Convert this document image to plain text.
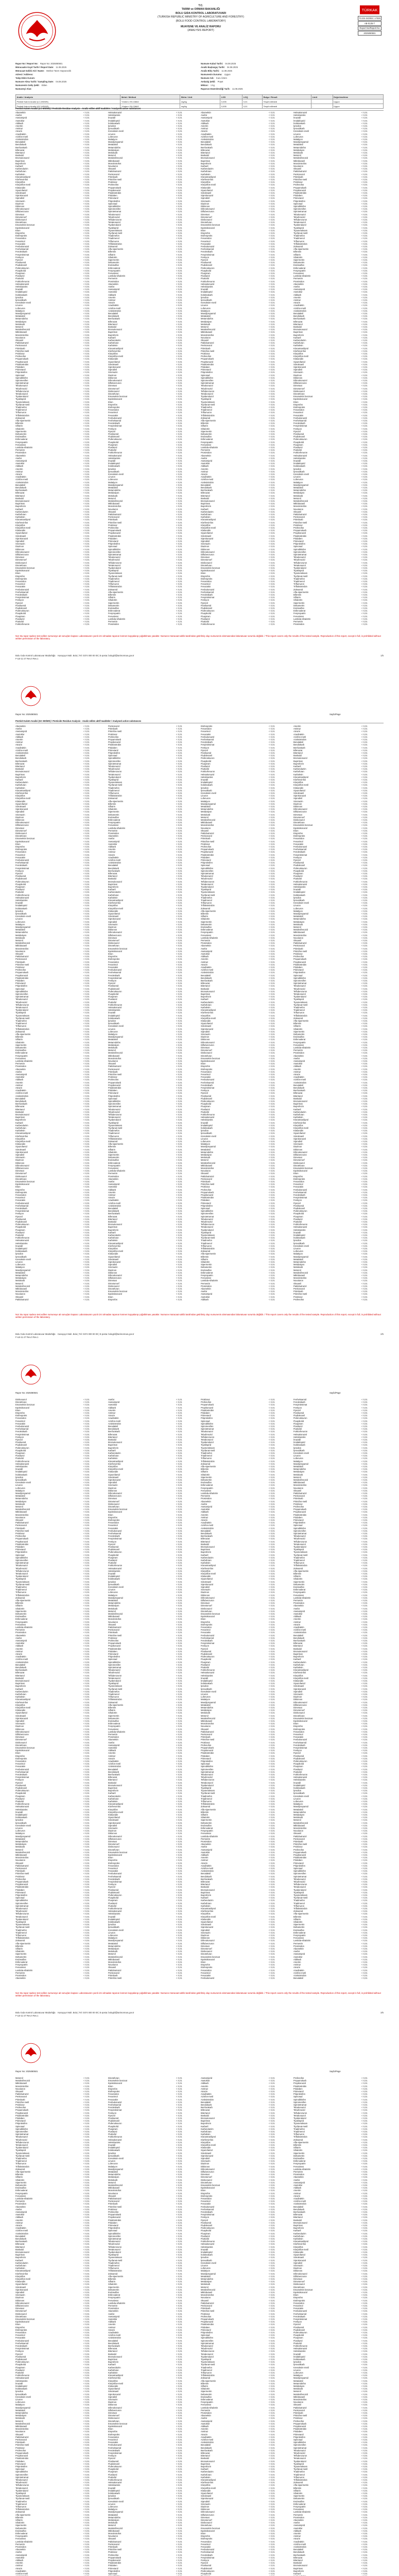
T.C.
TARIM ve ORMAN BAKANLIĞI
BOLU GIDA KONTROL LABORATUVARI
(TURKISH REPUBLIC MINISTRY OF AGRICULTURE AND FORESTRY)
(BOLU FOOD CONTROL LABORATORY)
MUAYENE VE ANALİZ RAPORU
(ANALYSIS REPORT)
TÜRKAK
TS EN ISO/IEC 17025
AB-0135-T
Report No/Report No
2025080501
Rapor No / Report No: Rapor No: 2025080501
Müracaatın Kayıt Tarihi / Report Date: 11.08.2025
Müracaat Sahibi Adı / Name: Merkez Tarım Hayvancılık
Adresi / Address:
Talep Eden Kurum:
Numune Alma Tarihi / Sampling Date: 04.08.2025
Numunenin Geliş Şekli: Elden
Numuneyi Alan:
Numune Kabul Tarihi: 04.08.2025
Analiz Başlangıç Tarihi: 04.08.2025
Analiz Bitiş Tarihi: 11.08.2025
Numunenin Durumu: Uygun
Numune Adı: Kuru Üzüm
Ambalaj Şekli: Poşet
Miktarı: 1 kg
Raporun Düzenlendiği Tarih: 11.08.2025
Analiz / Analysis	Metot / Method	Birim / Unit	LOD	LOQ	Bulgu / Result	Limit	Değerlendirme
Pestisit Kalıntı Analizi (LC-MS/MS)	Yöntem: EN 15662	mg/kg	0,005	0,01	Tespit edilmedi	-	Uygun
Pestisit Kalıntı Analizi (GC-MS/MS)	Yöntem: EN 15662	mg/kg	0,005	0,01	Tespit edilmedi	-	Uygun
Pestisit Kalıntı Analizi (LC-MS/MS) / Pesticide Residue Analysis - Analiz edilen aktif maddeler / Analysed active substances
Abamektin	< 0,01
Asefat	< 0,01
Asetamiprid	< 0,01
Asetoklor	< 0,01
Aldikarb	< 0,01
Ametrin	< 0,01
Amitraz	< 0,01
Atrazin	< 0,01
Azadiraktin	< 0,01
Azinfos-metil	< 0,01
Azoksistrobin	< 0,01
Benalaksil	< 0,01
Bendiokarb	< 0,01
Benfurakarb	< 0,01
Bifenazat	< 0,01
Bitertanol	< 0,01
Boskalid	< 0,01
Bromukonazol	< 0,01
Bupirimat	< 0,01
Buprofezin	< 0,01
Karbaril	< 0,01
Karbendazim	< 0,01
Karbofuran	< 0,01
Karboksin	< 0,01
Klorantraniliprol	< 0,01
Klorfenvinfos	< 0,01
Klorpirifos	< 0,01
Klorpirifos-metil	< 0,01
Klotianidin	< 0,01
Siyazofamid	< 0,01
Simoksanil	< 0,01
Siprokonazol	< 0,01
Siprodinil	< 0,01
Siromazin	< 0,01
Diazinon	< 0,01
Diklorvos	< 0,01
Difenokonazol	< 0,01
Diflubenzuron	< 0,01
Dimetoat	< 0,01
Dimetomorf	< 0,01
Dinikonazol	< 0,01
Dinotefuran	< 0,01
Emamektin benzoat	< 0,01
Epoksikonazol	< 0,01
Etion	< 0,01
Etoprofos	< 0,01
Etofenproks	< 0,01
Fenamidon	< 0,01
Fenarimol	< 0,01
Fenazakin	< 0,01
Fenbukonazol	< 0,01
Fenheksamid	< 0,01
Fenoksikarb	< 0,01
Fenpiroksimat	< 0,01
Fentiyon	< 0,01
Fipronil	< 0,01
Flonikamid	< 0,01
Fludioksonil	< 0,01
Flufenoksuron	< 0,01
Fluopikolid	< 0,01
Fluopiram	< 0,01
Flusilazol	< 0,01
Flutriafol	< 0,01
Forklorfenuron	< 0,01
Heksakonazol	< 0,01
Heksitiazoks	< 0,01
İmazalil	< 0,01
İmidakloprid	< 0,01
İndoksakarb	< 0,01
İprodion	< 0,01
İprovalikarb	< 0,01
Kresoksim-metil	< 0,01
Linuron	< 0,01
Lufenuron	< 0,01
Malatiyon	< 0,01
Mandipropamid	< 0,01
Metalaksil	< 0,01
Metamidofos	< 0,01
Metidatiyon	< 0,01
Metiokarb	< 0,01
Metomil	< 0,01
Metoksifenozid	< 0,01
Miklobutanil	< 0,01
Monokrotofos	< 0,01
Novaluron	< 0,01
Oksamil	< 0,01
Paklobutrazol	< 0,01
Penkonazol	< 0,01
Pirimikarb	< 0,01
Pirimifos-metil	< 0,01
Prokloraz	< 0,01
Profenofos	< 0,01
Propamokarb	< 0,01
Propikonazol	< 0,01
Piraklostrobin	< 0,01
Piridaben	< 0,01
Pirimetanil	< 0,01
Piriproksifen	< 0,01
Spinosad	< 0,01
Spirodiklofen	< 0,01
Spiromesifen	< 0,01
Spirotetramat	< 0,01
Tebukonazol	< 0,01
Tebufenozid	< 0,01
Teflubenzuron	< 0,01
Tetrakonazol	< 0,01
Tiyabendazol	< 0,01
Tiyakloprid	< 0,01
Tiyametoksam	< 0,01
Tiyofanat-metil	< 0,01
Triadimefon	< 0,01
Triadimenol	< 0,01
Triflumuron	< 0,01
Trifloksistrobin	< 0,01
Zoksamid	< 0,01
Alfa-sipermetrin	< 0,01
Bifentrin	< 0,01
Siflutrin	< 0,01
Sihalotrin	< 0,01
Sipermetrin	< 0,01
Deltametrin	< 0,01
Endosulfan	< 0,01
Esfenvalerat	< 0,01
Fenpropatrin	< 0,01
Fenvalerat	< 0,01
Lambda-sihalotrin	< 0,01
Permetrin	< 0,01
Prosimidon	< 0,01
Abamektin	< 0,01
Asefat	< 0,01
Asetamiprid	< 0,01
Asetoklor	< 0,01
Aldikarb	< 0,01
Ametrin	< 0,01
Amitraz	< 0,01
Atrazin	< 0,01
Azadiraktin	< 0,01
Azinfos-metil	< 0,01
Azoksistrobin	< 0,01
Benalaksil	< 0,01
Bendiokarb	< 0,01
Benfurakarb	< 0,01
Bifenazat	< 0,01
Bitertanol	< 0,01
Boskalid	< 0,01
Bromukonazol	< 0,01
Bupirimat	< 0,01
Buprofezin	< 0,01
Karbaril	< 0,01
Karbendazim	< 0,01
Karbofuran	< 0,01
Karboksin	< 0,01
Klorantraniliprol	< 0,01
Klorfenvinfos	< 0,01
Klorpirifos	< 0,01
Klorpirifos-metil	< 0,01
Klotianidin	< 0,01
Siyazofamid	< 0,01
Simoksanil	< 0,01
Siprokonazol	< 0,01
Siprodinil	< 0,01
Siromazin	< 0,01
Diazinon	< 0,01
Diklorvos	< 0,01
Difenokonazol	< 0,01
Diflubenzuron	< 0,01
Dimetoat	< 0,01
Dimetomorf	< 0,01
Dinikonazol	< 0,01
Dinotefuran	< 0,01
Emamektin benzoat	< 0,01
Epoksikonazol	< 0,01
Etion	< 0,01
Etoprofos	< 0,01
Etofenproks	< 0,01
Fenamidon	< 0,01
Fenarimol	< 0,01
Fenazakin	< 0,01
Fenbukonazol	< 0,01
Fenheksamid	< 0,01
Fenoksikarb	< 0,01
Fenpiroksimat	< 0,01
Fentiyon	< 0,01
Fipronil	< 0,01
Flonikamid	< 0,01
Fludioksonil	< 0,01
Flufenoksuron	< 0,01
Fluopikolid	< 0,01
Fluopiram	< 0,01
Flusilazol	< 0,01
Flutriafol	< 0,01
Forklorfenuron	< 0,01
Heksakonazol	< 0,01
Heksitiazoks	< 0,01
İmazalil	< 0,01
İmidakloprid	< 0,01
İndoksakarb	< 0,01
İprodion	< 0,01
İprovalikarb	< 0,01
Kresoksim-metil	< 0,01
Linuron	< 0,01
Lufenuron	< 0,01
Malatiyon	< 0,01
Mandipropamid	< 0,01
Metalaksil	< 0,01
Metamidofos	< 0,01
Metidatiyon	< 0,01
Metiokarb	< 0,01
Metomil	< 0,01
Metoksifenozid	< 0,01
Miklobutanil	< 0,01
Monokrotofos	< 0,01
Novaluron	< 0,01
Oksamil	< 0,01
Paklobutrazol	< 0,01
Penkonazol	< 0,01
Pirimikarb	< 0,01
Pirimifos-metil	< 0,01
Prokloraz	< 0,01
Profenofos	< 0,01
Propamokarb	< 0,01
Propikonazol	< 0,01
Piraklostrobin	< 0,01
Piridaben	< 0,01
Pirimetanil	< 0,01
Piriproksifen	< 0,01
Spinosad	< 0,01
Spirodiklofen	< 0,01
Spiromesifen	< 0,01
Spirotetramat	< 0,01
Tebukonazol	< 0,01
Tebufenozid	< 0,01
Teflubenzuron	< 0,01
Tetrakonazol	< 0,01
Tiyabendazol	< 0,01
Tiyakloprid	< 0,01
Tiyametoksam	< 0,01
Tiyofanat-metil	< 0,01
Triadimefon	< 0,01
Triadimenol	< 0,01
Triflumuron	< 0,01
Trifloksistrobin	< 0,01
Zoksamid	< 0,01
Alfa-sipermetrin	< 0,01
Bifentrin	< 0,01
Siflutrin	< 0,01
Sihalotrin	< 0,01
Sipermetrin	< 0,01
Deltametrin	< 0,01
Endosulfan	< 0,01
Esfenvalerat	< 0,01
Fenpropatrin	< 0,01
Fenvalerat	< 0,01
Lambda-sihalotrin	< 0,01
Permetrin	< 0,01
Prosimidon	< 0,01
Abamektin	< 0,01
Asefat	< 0,01
Asetamiprid	< 0,01
Asetoklor	< 0,01
Aldikarb	< 0,01
Ametrin	< 0,01
Amitraz	< 0,01
Atrazin	< 0,01
Azadiraktin	< 0,01
Azinfos-metil	< 0,01
Azoksistrobin	< 0,01
Benalaksil	< 0,01
Bendiokarb	< 0,01
Benfurakarb	< 0,01
Bifenazat	< 0,01
Bitertanol	< 0,01
Boskalid	< 0,01
Bromukonazol	< 0,01
Bupirimat	< 0,01
Buprofezin	< 0,01
Karbaril	< 0,01
Karbendazim	< 0,01
Karbofuran	< 0,01
Karboksin	< 0,01
Klorantraniliprol	< 0,01
Klorfenvinfos	< 0,01
Klorpirifos	< 0,01
Klorpirifos-metil	< 0,01
Klotianidin	< 0,01
Siyazofamid	< 0,01
Simoksanil	< 0,01
Siprokonazol	< 0,01
Siprodinil	< 0,01
Siromazin	< 0,01
Diazinon	< 0,01
Diklorvos	< 0,01
Difenokonazol	< 0,01
Diflubenzuron	< 0,01
Dimetoat	< 0,01
Dimetomorf	< 0,01
Dinikonazol	< 0,01
Dinotefuran	< 0,01
Emamektin benzoat	< 0,01
Epoksikonazol	< 0,01
Etion	< 0,01
Etoprofos	< 0,01
Etofenproks	< 0,01
Fenamidon	< 0,01
Fenarimol	< 0,01
Fenazakin	< 0,01
Fenbukonazol	< 0,01
Fenheksamid	< 0,01
Fenoksikarb	< 0,01
Fenpiroksimat	< 0,01
Fentiyon	< 0,01
Fipronil	< 0,01
Flonikamid	< 0,01
Fludioksonil	< 0,01
Flufenoksuron	< 0,01
Fluopikolid	< 0,01
Fluopiram	< 0,01
Flusilazol	< 0,01
Flutriafol	< 0,01
Forklorfenuron	< 0,01
Heksakonazol	< 0,01
Heksitiazoks	< 0,01
İmazalil	< 0,01
İmidakloprid	< 0,01
İndoksakarb	< 0,01
İprodion	< 0,01
İprovalikarb	< 0,01
Kresoksim-metil	< 0,01
Linuron	< 0,01
Lufenuron	< 0,01
Malatiyon	< 0,01
Mandipropamid	< 0,01
Metalaksil	< 0,01
Metamidofos	< 0,01
Metidatiyon	< 0,01
Metiokarb	< 0,01
Metomil	< 0,01
Metoksifenozid	< 0,01
Miklobutanil	< 0,01
Monokrotofos	< 0,01
Novaluron	< 0,01
Oksamil	< 0,01
Paklobutrazol	< 0,01
Penkonazol	< 0,01
Pirimikarb	< 0,01
Pirimifos-metil	< 0,01
Prokloraz	< 0,01
Profenofos	< 0,01
Propamokarb	< 0,01
Propikonazol	< 0,01
Piraklostrobin	< 0,01
Piridaben	< 0,01
Pirimetanil	< 0,01
Piriproksifen	< 0,01
Spinosad	< 0,01
Spirodiklofen	< 0,01
Spiromesifen	< 0,01
Spirotetramat	< 0,01
Tebukonazol	< 0,01
Tebufenozid	< 0,01
Teflubenzuron	< 0,01
Tetrakonazol	< 0,01
Tiyabendazol	< 0,01
Tiyakloprid	< 0,01
Tiyametoksam	< 0,01
Tiyofanat-metil	< 0,01
Triadimefon	< 0,01
Triadimenol	< 0,01
Triflumuron	< 0,01
Trifloksistrobin	< 0,01
Zoksamid	< 0,01
Alfa-sipermetrin	< 0,01
Bifentrin	< 0,01
Siflutrin	< 0,01
Sihalotrin	< 0,01
Sipermetrin	< 0,01
Deltametrin	< 0,01
Endosulfan	< 0,01
Esfenvalerat	< 0,01
Fenpropatrin	< 0,01
Fenvalerat	< 0,01
Lambda-sihalotrin	< 0,01
Permetrin	< 0,01
Prosimidon	< 0,01
Abamektin	< 0,01
Asefat	< 0,01
Asetamiprid	< 0,01
Asetoklor	< 0,01
Aldikarb	< 0,01
Ametrin	< 0,01
Amitraz	< 0,01
Atrazin	< 0,01
Azadiraktin	< 0,01
Azinfos-metil	< 0,01
Azoksistrobin	< 0,01
Benalaksil	< 0,01
Bendiokarb	< 0,01
Benfurakarb	< 0,01
Bifenazat	< 0,01
Bitertanol	< 0,01
Boskalid	< 0,01
Bromukonazol	< 0,01
Bupirimat	< 0,01
Buprofezin	< 0,01
Karbaril	< 0,01
Karbendazim	< 0,01
Karbofuran	< 0,01
Karboksin	< 0,01
Klorantraniliprol	< 0,01
Klorfenvinfos	< 0,01
Klorpirifos	< 0,01
Klorpirifos-metil	< 0,01
Klotianidin	< 0,01
Siyazofamid	< 0,01
Simoksanil	< 0,01
Siprokonazol	< 0,01
Siprodinil	< 0,01
Siromazin	< 0,01
Diazinon	< 0,01
Diklorvos	< 0,01
Difenokonazol	< 0,01
Diflubenzuron	< 0,01
Dimetoat	< 0,01
Dimetomorf	< 0,01
Dinikonazol	< 0,01
Dinotefuran	< 0,01
Emamektin benzoat	< 0,01
Epoksikonazol	< 0,01
Etion	< 0,01
Etoprofos	< 0,01
Etofenproks	< 0,01
Fenamidon	< 0,01
Fenarimol	< 0,01
Fenazakin	< 0,01
Fenbukonazol	< 0,01
Fenheksamid	< 0,01
Fenoksikarb	< 0,01
Fenpiroksimat	< 0,01
Fentiyon	< 0,01
Fipronil	< 0,01
Flonikamid	< 0,01
Fludioksonil	< 0,01
Flufenoksuron	< 0,01
Fluopikolid	< 0,01
Fluopiram	< 0,01
Flusilazol	< 0,01
Flutriafol	< 0,01
Forklorfenuron	< 0,01
Heksakonazol	< 0,01
Heksitiazoks	< 0,01
İmazalil	< 0,01
İmidakloprid	< 0,01
İndoksakarb	< 0,01
İprodion	< 0,01
İprovalikarb	< 0,01
Kresoksim-metil	< 0,01
Linuron	< 0,01
Lufenuron	< 0,01
Malatiyon	< 0,01
Mandipropamid	< 0,01
Metalaksil	< 0,01
Metamidofos	< 0,01
Metidatiyon	< 0,01
Metiokarb	< 0,01
Metomil	< 0,01
Metoksifenozid	< 0,01
Miklobutanil	< 0,01
Monokrotofos	< 0,01
Novaluron	< 0,01
Oksamil	< 0,01
Paklobutrazol	< 0,01
Penkonazol	< 0,01
Pirimikarb	< 0,01
Pirimifos-metil	< 0,01
Prokloraz	< 0,01
Profenofos	< 0,01
Propamokarb	< 0,01
Propikonazol	< 0,01
Piraklostrobin	< 0,01
Piridaben	< 0,01
Pirimetanil	< 0,01
Piriproksifen	< 0,01
Spinosad	< 0,01
Spirodiklofen	< 0,01
Spiromesifen	< 0,01
Spirotetramat	< 0,01
Tebukonazol	< 0,01
Tebufenozid	< 0,01
Teflubenzuron	< 0,01
Tetrakonazol	< 0,01
Tiyabendazol	< 0,01
Tiyakloprid	< 0,01
Tiyametoksam	< 0,01
Tiyofanat-metil	< 0,01
Triadimefon	< 0,01
Triadimenol	< 0,01
Triflumuron	< 0,01
Trifloksistrobin	< 0,01
Zoksamid	< 0,01
Alfa-sipermetrin	< 0,01
Bifentrin	< 0,01
Siflutrin	< 0,01
Sihalotrin	< 0,01
Sipermetrin	< 0,01
Deltametrin	< 0,01
Endosulfan	< 0,01
Esfenvalerat	< 0,01
Fenpropatrin	< 0,01
Fenvalerat	< 0,01
Lambda-sihalotrin	< 0,01
Permetrin	< 0,01
Prosimidon	< 0,01
Abamektin	< 0,01
Asefat	< 0,01
Asetamiprid	< 0,01
Asetoklor	< 0,01
Aldikarb	< 0,01
Ametrin	< 0,01
Amitraz	< 0,01
Atrazin	< 0,01
Azadiraktin	< 0,01
Azinfos-metil	< 0,01
Azoksistrobin	< 0,01
Benalaksil	< 0,01
Bendiokarb	< 0,01
Benfurakarb	< 0,01
Bifenazat	< 0,01
Bitertanol	< 0,01
Boskalid	< 0,01
Bromukonazol	< 0,01
Bupirimat	< 0,01
Buprofezin	< 0,01
Karbaril	< 0,01
Karbendazim	< 0,01
Karbofuran	< 0,01
Karboksin	< 0,01
Klorantraniliprol	< 0,01
Klorfenvinfos	< 0,01
Klorpirifos	< 0,01
Klorpirifos-metil	< 0,01
Klotianidin	< 0,01
Siyazofamid	< 0,01
Simoksanil	< 0,01
Siprokonazol	< 0,01
Siprodinil	< 0,01
Siromazin	< 0,01
Diazinon	< 0,01
Diklorvos	< 0,01
Difenokonazol	< 0,01
Diflubenzuron	< 0,01
Dimetoat	< 0,01
Dimetomorf	< 0,01
Dinikonazol	< 0,01
Dinotefuran	< 0,01
Emamektin benzoat	< 0,01
Epoksikonazol	< 0,01
Etion	< 0,01
Etoprofos	< 0,01
Etofenproks	< 0,01
Fenamidon	< 0,01
Fenarimol	< 0,01
Fenazakin	< 0,01
Fenbukonazol	< 0,01
Fenheksamid	< 0,01
Fenoksikarb	< 0,01
Fenpiroksimat	< 0,01
Fentiyon	< 0,01
Fipronil	< 0,01
Flonikamid	< 0,01
Fludioksonil	< 0,01
Flufenoksuron	< 0,01
Fluopikolid	< 0,01
Fluopiram	< 0,01
Flusilazol	< 0,01
Flutriafol	< 0,01
Forklorfenuron	< 0,01
Heksakonazol	< 0,01
Heksitiazoks	< 0,01
İmazalil	< 0,01
İmidakloprid	< 0,01
İndoksakarb	< 0,01
İprodion	< 0,01
İprovalikarb	< 0,01
Kresoksim-metil	< 0,01
Linuron	< 0,01
Lufenuron	< 0,01
Malatiyon	< 0,01
Mandipropamid	< 0,01
Metalaksil	< 0,01
Metamidofos	< 0,01
Metidatiyon	< 0,01
Metiokarb	< 0,01
Metomil	< 0,01
Metoksifenozid	< 0,01
Miklobutanil	< 0,01
Monokrotofos	< 0,01
Novaluron	< 0,01
Oksamil	< 0,01
Paklobutrazol	< 0,01
Penkonazol	< 0,01
Pirimikarb	< 0,01
Pirimifos-metil	< 0,01
Prokloraz	< 0,01
Profenofos	< 0,01
Propamokarb	< 0,01
Propikonazol	< 0,01
Piraklostrobin	< 0,01
Piridaben	< 0,01
Pirimetanil	< 0,01
Piriproksifen	< 0,01
Spinosad	< 0,01
Spirodiklofen	< 0,01
Spiromesifen	< 0,01
Spirotetramat	< 0,01
Tebukonazol	< 0,01
Tebufenozid	< 0,01
Teflubenzuron	< 0,01
Tetrakonazol	< 0,01
Tiyabendazol	< 0,01
Tiyakloprid	< 0,01
Tiyametoksam	< 0,01
Tiyofanat-metil	< 0,01
Triadimefon	< 0,01
Triadimenol	< 0,01
Triflumuron	< 0,01
Trifloksistrobin	< 0,01
Zoksamid	< 0,01
Alfa-sipermetrin	< 0,01
Bifentrin	< 0,01
Siflutrin	< 0,01
Sihalotrin	< 0,01
Sipermetrin	< 0,01
Deltametrin	< 0,01
Endosulfan	< 0,01
Esfenvalerat	< 0,01
Fenpropatrin	< 0,01
Fenvalerat	< 0,01
Lambda-sihalotrin	< 0,01
Permetrin	< 0,01
Prosimidon	< 0,01
Abamektin	< 0,01
Asefat	< 0,01
Asetamiprid	< 0,01
Asetoklor	< 0,01
Aldikarb	< 0,01
Ametrin	< 0,01
Amitraz	< 0,01
Atrazin	< 0,01
Azadiraktin	< 0,01
Azinfos-metil	< 0,01
Azoksistrobin	< 0,01
Benalaksil	< 0,01
Bendiokarb	< 0,01
Benfurakarb	< 0,01
Bifenazat	< 0,01
Bitertanol	< 0,01
Boskalid	< 0,01
Bromukonazol	< 0,01
Bupirimat	< 0,01
Buprofezin	< 0,01
Karbaril	< 0,01
Karbendazim	< 0,01
Karbofuran	< 0,01
Karboksin	< 0,01
Klorantraniliprol	< 0,01
Klorfenvinfos	< 0,01
Klorpirifos	< 0,01
Klorpirifos-metil	< 0,01
Klotianidin	< 0,01
Siyazofamid	< 0,01
Simoksanil	< 0,01
Siprokonazol	< 0,01
Siprodinil	< 0,01
Siromazin	< 0,01
Diazinon	< 0,01
Diklorvos	< 0,01
Difenokonazol	< 0,01
Diflubenzuron	< 0,01
Dimetoat	< 0,01
Dimetomorf	< 0,01
Dinikonazol	< 0,01
Dinotefuran	< 0,01
Emamektin benzoat	< 0,01
Epoksikonazol	< 0,01
Etion	< 0,01
Etoprofos	< 0,01
Etofenproks	< 0,01
Fenamidon	< 0,01
Fenarimol	< 0,01
Fenazakin	< 0,01
Fenbukonazol	< 0,01
Fenheksamid	< 0,01
Fenoksikarb	< 0,01
Fenpiroksimat	< 0,01
Fentiyon	< 0,01
Fipronil	< 0,01
Flonikamid	< 0,01
Fludioksonil	< 0,01
Flufenoksuron	< 0,01
Fluopikolid	< 0,01
Fluopiram	< 0,01
Flusilazol	< 0,01
Flutriafol	< 0,01
Forklorfenuron	< 0,01
Heksakonazol	< 0,01
Heksitiazoks	< 0,01
İmazalil	< 0,01
İmidakloprid	< 0,01
İndoksakarb	< 0,01
İprodion	< 0,01
İprovalikarb	< 0,01
Kresoksim-metil	< 0,01
Linuron	< 0,01
Lufenuron	< 0,01
Malatiyon	< 0,01
Mandipropamid	< 0,01
Metalaksil	< 0,01
Metamidofos	< 0,01
Metidatiyon	< 0,01
Metiokarb	< 0,01
Metomil	< 0,01
Metoksifenozid	< 0,01
Miklobutanil	< 0,01
Monokrotofos	< 0,01
Novaluron	< 0,01
Oksamil	< 0,01
Paklobutrazol	< 0,01
Penkonazol	< 0,01
Pirimikarb	< 0,01
Pirimifos-metil	< 0,01
Prokloraz	< 0,01
Profenofos	< 0,01
Propamokarb	< 0,01
Propikonazol	< 0,01
Piraklostrobin	< 0,01
Piridaben	< 0,01
Pirimetanil	< 0,01
Piriproksifen	< 0,01
Spinosad	< 0,01
Spirodiklofen	< 0,01
Spiromesifen	< 0,01
Spirotetramat	< 0,01
Tebukonazol	< 0,01
Tebufenozid	< 0,01
Teflubenzuron	< 0,01
Tetrakonazol	< 0,01
Tiyabendazol	< 0,01
Tiyakloprid	< 0,01
Tiyametoksam	< 0,01
Tiyofanat-metil	< 0,01
Triadimefon	< 0,01
Triadimenol	< 0,01
Triflumuron	< 0,01
Trifloksistrobin	< 0,01
Zoksamid	< 0,01
Alfa-sipermetrin	< 0,01
Bifentrin	< 0,01
Siflutrin	< 0,01
Sihalotrin	< 0,01
Sipermetrin	< 0,01
Deltametrin	< 0,01
Endosulfan	< 0,01
Esfenvalerat	< 0,01
Fenpropatrin	< 0,01
Fenvalerat	< 0,01
Lambda-sihalotrin	< 0,01
Permetrin	< 0,01
Prosimidon	< 0,01
Not: Bu rapor sadece test edilen numuneye ait sonuçları kapsar. Laboratuvarın yazılı izni olmadan raporun kısmen kopyalanıp çoğaltılması yasaktır. Numune müracaat sahibi tarafından getirilmiş olup numunenin alınmasından laboratuvar sorumlu değildir. / This report covers only the results of the tested sample. Reproduction of this report, except in full, is prohibited without written permission of the laboratory.
Bolu Gıda Kontrol Laboratuvar Müdürlüğü Karaçayır Mah. Bolu | Tel: 0374 000 00 00 | E-posta: bolugkl@tarimorman.gov.tr	1/5
F-LB-11-27 Rev.0 Rev.1
Rapor No: 2025080501	Sayfa/Page
Pestisit Kalıntı Analizi (GC-MS/MS) / Pesticide Residue Analysis - Analiz edilen aktif maddeler / Analysed active substances
Abamektin	< 0,01
Asefat	< 0,01
Asetamiprid	< 0,01
Asetoklor	< 0,01
Aldikarb	< 0,01
Ametrin	< 0,01
Amitraz	< 0,01
Atrazin	< 0,01
Azadiraktin	< 0,01
Azinfos-metil	< 0,01
Azoksistrobin	< 0,01
Benalaksil	< 0,01
Bendiokarb	< 0,01
Benfurakarb	< 0,01
Bifenazat	< 0,01
Bitertanol	< 0,01
Boskalid	< 0,01
Bromukonazol	< 0,01
Bupirimat	< 0,01
Buprofezin	< 0,01
Karbaril	< 0,01
Karbendazim	< 0,01
Karbofuran	< 0,01
Karboksin	< 0,01
Klorantraniliprol	< 0,01
Klorfenvinfos	< 0,01
Klorpirifos	< 0,01
Klorpirifos-metil	< 0,01
Klotianidin	< 0,01
Siyazofamid	< 0,01
Simoksanil	< 0,01
Siprokonazol	< 0,01
Siprodinil	< 0,01
Siromazin	< 0,01
Diazinon	< 0,01
Diklorvos	< 0,01
Difenokonazol	< 0,01
Diflubenzuron	< 0,01
Dimetoat	< 0,01
Dimetomorf	< 0,01
Dinikonazol	< 0,01
Dinotefuran	< 0,01
Emamektin benzoat	< 0,01
Epoksikonazol	< 0,01
Etion	< 0,01
Etoprofos	< 0,01
Etofenproks	< 0,01
Fenamidon	< 0,01
Fenarimol	< 0,01
Fenazakin	< 0,01
Fenbukonazol	< 0,01
Fenheksamid	< 0,01
Fenoksikarb	< 0,01
Fenpiroksimat	< 0,01
Fentiyon	< 0,01
Fipronil	< 0,01
Flonikamid	< 0,01
Fludioksonil	< 0,01
Flufenoksuron	< 0,01
Fluopikolid	< 0,01
Fluopiram	< 0,01
Flusilazol	< 0,01
Flutriafol	< 0,01
Forklorfenuron	< 0,01
Heksakonazol	< 0,01
Heksitiazoks	< 0,01
İmazalil	< 0,01
İmidakloprid	< 0,01
İndoksakarb	< 0,01
İprodion	< 0,01
İprovalikarb	< 0,01
Kresoksim-metil	< 0,01
Linuron	< 0,01
Lufenuron	< 0,01
Malatiyon	< 0,01
Mandipropamid	< 0,01
Metalaksil	< 0,01
Metamidofos	< 0,01
Metidatiyon	< 0,01
Metiokarb	< 0,01
Metomil	< 0,01
Metoksifenozid	< 0,01
Miklobutanil	< 0,01
Monokrotofos	< 0,01
Novaluron	< 0,01
Oksamil	< 0,01
Paklobutrazol	< 0,01
Penkonazol	< 0,01
Pirimikarb	< 0,01
Pirimifos-metil	< 0,01
Prokloraz	< 0,01
Profenofos	< 0,01
Propamokarb	< 0,01
Propikonazol	< 0,01
Piraklostrobin	< 0,01
Piridaben	< 0,01
Pirimetanil	< 0,01
Piriproksifen	< 0,01
Spinosad	< 0,01
Spirodiklofen	< 0,01
Spiromesifen	< 0,01
Spirotetramat	< 0,01
Tebukonazol	< 0,01
Tebufenozid	< 0,01
Teflubenzuron	< 0,01
Tetrakonazol	< 0,01
Tiyabendazol	< 0,01
Tiyakloprid	< 0,01
Tiyametoksam	< 0,01
Tiyofanat-metil	< 0,01
Triadimefon	< 0,01
Triadimenol	< 0,01
Triflumuron	< 0,01
Trifloksistrobin	< 0,01
Zoksamid	< 0,01
Alfa-sipermetrin	< 0,01
Bifentrin	< 0,01
Siflutrin	< 0,01
Sihalotrin	< 0,01
Sipermetrin	< 0,01
Deltametrin	< 0,01
Endosulfan	< 0,01
Esfenvalerat	< 0,01
Fenpropatrin	< 0,01
Fenvalerat	< 0,01
Lambda-sihalotrin	< 0,01
Permetrin	< 0,01
Prosimidon	< 0,01
Abamektin	< 0,01
Asefat	< 0,01
Asetamiprid	< 0,01
Asetoklor	< 0,01
Aldikarb	< 0,01
Ametrin	< 0,01
Amitraz	< 0,01
Atrazin	< 0,01
Azadiraktin	< 0,01
Azinfos-metil	< 0,01
Azoksistrobin	< 0,01
Benalaksil	< 0,01
Bendiokarb	< 0,01
Benfurakarb	< 0,01
Bifenazat	< 0,01
Bitertanol	< 0,01
Boskalid	< 0,01
Bromukonazol	< 0,01
Bupirimat	< 0,01
Buprofezin	< 0,01
Karbaril	< 0,01
Karbendazim	< 0,01
Karbofuran	< 0,01
Karboksin	< 0,01
Klorantraniliprol	< 0,01
Klorfenvinfos	< 0,01
Klorpirifos	< 0,01
Klorpirifos-metil	< 0,01
Klotianidin	< 0,01
Siyazofamid	< 0,01
Simoksanil	< 0,01
Siprokonazol	< 0,01
Siprodinil	< 0,01
Siromazin	< 0,01
Diazinon	< 0,01
Diklorvos	< 0,01
Difenokonazol	< 0,01
Diflubenzuron	< 0,01
Dimetoat	< 0,01
Dimetomorf	< 0,01
Dinikonazol	< 0,01
Dinotefuran	< 0,01
Emamektin benzoat	< 0,01
Epoksikonazol	< 0,01
Etion	< 0,01
Etoprofos	< 0,01
Etofenproks	< 0,01
Fenamidon	< 0,01
Fenarimol	< 0,01
Fenazakin	< 0,01
Fenbukonazol	< 0,01
Fenheksamid	< 0,01
Fenoksikarb	< 0,01
Fenpiroksimat	< 0,01
Fentiyon	< 0,01
Fipronil	< 0,01
Flonikamid	< 0,01
Fludioksonil	< 0,01
Flufenoksuron	< 0,01
Fluopikolid	< 0,01
Fluopiram	< 0,01
Flusilazol	< 0,01
Flutriafol	< 0,01
Forklorfenuron	< 0,01
Heksakonazol	< 0,01
Heksitiazoks	< 0,01
İmazalil	< 0,01
İmidakloprid	< 0,01
İndoksakarb	< 0,01
İprodion	< 0,01
İprovalikarb	< 0,01
Kresoksim-metil	< 0,01
Linuron	< 0,01
Lufenuron	< 0,01
Malatiyon	< 0,01
Mandipropamid	< 0,01
Metalaksil	< 0,01
Metamidofos	< 0,01
Metidatiyon	< 0,01
Metiokarb	< 0,01
Metomil	< 0,01
Metoksifenozid	< 0,01
Miklobutanil	< 0,01
Monokrotofos	< 0,01
Novaluron	< 0,01
Oksamil	< 0,01
Paklobutrazol	< 0,01
Penkonazol	< 0,01
Pirimikarb	< 0,01
Pirimifos-metil	< 0,01
Prokloraz	< 0,01
Profenofos	< 0,01
Propamokarb	< 0,01
Propikonazol	< 0,01
Piraklostrobin	< 0,01
Piridaben	< 0,01
Pirimetanil	< 0,01
Piriproksifen	< 0,01
Spinosad	< 0,01
Spirodiklofen	< 0,01
Spiromesifen	< 0,01
Spirotetramat	< 0,01
Tebukonazol	< 0,01
Tebufenozid	< 0,01
Teflubenzuron	< 0,01
Tetrakonazol	< 0,01
Tiyabendazol	< 0,01
Tiyakloprid	< 0,01
Tiyametoksam	< 0,01
Tiyofanat-metil	< 0,01
Triadimefon	< 0,01
Triadimenol	< 0,01
Triflumuron	< 0,01
Trifloksistrobin	< 0,01
Zoksamid	< 0,01
Alfa-sipermetrin	< 0,01
Bifentrin	< 0,01
Siflutrin	< 0,01
Sihalotrin	< 0,01
Sipermetrin	< 0,01
Deltametrin	< 0,01
Endosulfan	< 0,01
Esfenvalerat	< 0,01
Fenpropatrin	< 0,01
Fenvalerat	< 0,01
Lambda-sihalotrin	< 0,01
Permetrin	< 0,01
Prosimidon	< 0,01
Abamektin	< 0,01
Asefat	< 0,01
Asetamiprid	< 0,01
Asetoklor	< 0,01
Aldikarb	< 0,01
Ametrin	< 0,01
Amitraz	< 0,01
Atrazin	< 0,01
Azadiraktin	< 0,01
Azinfos-metil	< 0,01
Azoksistrobin	< 0,01
Benalaksil	< 0,01
Bendiokarb	< 0,01
Benfurakarb	< 0,01
Bifenazat	< 0,01
Bitertanol	< 0,01
Boskalid	< 0,01
Bromukonazol	< 0,01
Bupirimat	< 0,01
Buprofezin	< 0,01
Karbaril	< 0,01
Karbendazim	< 0,01
Karbofuran	< 0,01
Karboksin	< 0,01
Klorantraniliprol	< 0,01
Klorfenvinfos	< 0,01
Klorpirifos	< 0,01
Klorpirifos-metil	< 0,01
Klotianidin	< 0,01
Siyazofamid	< 0,01
Simoksanil	< 0,01
Siprokonazol	< 0,01
Siprodinil	< 0,01
Siromazin	< 0,01
Diazinon	< 0,01
Diklorvos	< 0,01
Difenokonazol	< 0,01
Diflubenzuron	< 0,01
Dimetoat	< 0,01
Dimetomorf	< 0,01
Dinikonazol	< 0,01
Dinotefuran	< 0,01
Emamektin benzoat	< 0,01
Epoksikonazol	< 0,01
Etion	< 0,01
Etoprofos	< 0,01
Etofenproks	< 0,01
Fenamidon	< 0,01
Fenarimol	< 0,01
Fenazakin	< 0,01
Fenbukonazol	< 0,01
Fenheksamid	< 0,01
Fenoksikarb	< 0,01
Fenpiroksimat	< 0,01
Fentiyon	< 0,01
Fipronil	< 0,01
Flonikamid	< 0,01
Fludioksonil	< 0,01
Flufenoksuron	< 0,01
Fluopikolid	< 0,01
Fluopiram	< 0,01
Flusilazol	< 0,01
Flutriafol	< 0,01
Forklorfenuron	< 0,01
Heksakonazol	< 0,01
Heksitiazoks	< 0,01
İmazalil	< 0,01
İmidakloprid	< 0,01
İndoksakarb	< 0,01
İprodion	< 0,01
İprovalikarb	< 0,01
Kresoksim-metil	< 0,01
Linuron	< 0,01
Lufenuron	< 0,01
Malatiyon	< 0,01
Mandipropamid	< 0,01
Metalaksil	< 0,01
Metamidofos	< 0,01
Metidatiyon	< 0,01
Metiokarb	< 0,01
Metomil	< 0,01
Metoksifenozid	< 0,01
Miklobutanil	< 0,01
Monokrotofos	< 0,01
Novaluron	< 0,01
Oksamil	< 0,01
Paklobutrazol	< 0,01
Penkonazol	< 0,01
Pirimikarb	< 0,01
Pirimifos-metil	< 0,01
Prokloraz	< 0,01
Profenofos	< 0,01
Propamokarb	< 0,01
Propikonazol	< 0,01
Piraklostrobin	< 0,01
Piridaben	< 0,01
Pirimetanil	< 0,01
Piriproksifen	< 0,01
Spinosad	< 0,01
Spirodiklofen	< 0,01
Spiromesifen	< 0,01
Spirotetramat	< 0,01
Tebukonazol	< 0,01
Tebufenozid	< 0,01
Teflubenzuron	< 0,01
Tetrakonazol	< 0,01
Tiyabendazol	< 0,01
Tiyakloprid	< 0,01
Tiyametoksam	< 0,01
Tiyofanat-metil	< 0,01
Triadimefon	< 0,01
Triadimenol	< 0,01
Triflumuron	< 0,01
Trifloksistrobin	< 0,01
Zoksamid	< 0,01
Alfa-sipermetrin	< 0,01
Bifentrin	< 0,01
Siflutrin	< 0,01
Sihalotrin	< 0,01
Sipermetrin	< 0,01
Deltametrin	< 0,01
Endosulfan	< 0,01
Esfenvalerat	< 0,01
Fenpropatrin	< 0,01
Fenvalerat	< 0,01
Lambda-sihalotrin	< 0,01
Permetrin	< 0,01
Prosimidon	< 0,01
Abamektin	< 0,01
Asefat	< 0,01
Asetamiprid	< 0,01
Asetoklor	< 0,01
Aldikarb	< 0,01
Ametrin	< 0,01
Amitraz	< 0,01
Atrazin	< 0,01
Azadiraktin	< 0,01
Azinfos-metil	< 0,01
Azoksistrobin	< 0,01
Benalaksil	< 0,01
Bendiokarb	< 0,01
Benfurakarb	< 0,01
Bifenazat	< 0,01
Bitertanol	< 0,01
Boskalid	< 0,01
Bromukonazol	< 0,01
Bupirimat	< 0,01
Buprofezin	< 0,01
Karbaril	< 0,01
Karbendazim	< 0,01
Karbofuran	< 0,01
Karboksin	< 0,01
Klorantraniliprol	< 0,01
Klorfenvinfos	< 0,01
Klorpirifos	< 0,01
Klorpirifos-metil	< 0,01
Klotianidin	< 0,01
Siyazofamid	< 0,01
Simoksanil	< 0,01
Siprokonazol	< 0,01
Siprodinil	< 0,01
Siromazin	< 0,01
Diazinon	< 0,01
Diklorvos	< 0,01
Difenokonazol	< 0,01
Diflubenzuron	< 0,01
Dimetoat	< 0,01
Dimetomorf	< 0,01
Dinikonazol	< 0,01
Dinotefuran	< 0,01
Emamektin benzoat	< 0,01
Epoksikonazol	< 0,01
Etion	< 0,01
Etoprofos	< 0,01
Etofenproks	< 0,01
Fenamidon	< 0,01
Fenarimol	< 0,01
Fenazakin	< 0,01
Fenbukonazol	< 0,01
Fenheksamid	< 0,01
Fenoksikarb	< 0,01
Fenpiroksimat	< 0,01
Fentiyon	< 0,01
Fipronil	< 0,01
Flonikamid	< 0,01
Fludioksonil	< 0,01
Flufenoksuron	< 0,01
Fluopikolid	< 0,01
Fluopiram	< 0,01
Flusilazol	< 0,01
Flutriafol	< 0,01
Forklorfenuron	< 0,01
Heksakonazol	< 0,01
Heksitiazoks	< 0,01
İmazalil	< 0,01
İmidakloprid	< 0,01
İndoksakarb	< 0,01
İprodion	< 0,01
İprovalikarb	< 0,01
Kresoksim-metil	< 0,01
Linuron	< 0,01
Lufenuron	< 0,01
Malatiyon	< 0,01
Mandipropamid	< 0,01
Metalaksil	< 0,01
Metamidofos	< 0,01
Metidatiyon	< 0,01
Metiokarb	< 0,01
Metomil	< 0,01
Metoksifenozid	< 0,01
Miklobutanil	< 0,01
Monokrotofos	< 0,01
Novaluron	< 0,01
Oksamil	< 0,01
Paklobutrazol	< 0,01
Penkonazol	< 0,01
Pirimikarb	< 0,01
Pirimifos-metil	< 0,01
Prokloraz	< 0,01
Profenofos	< 0,01
Propamokarb	< 0,01
Propikonazol	< 0,01
Piraklostrobin	< 0,01
Piridaben	< 0,01
Pirimetanil	< 0,01
Piriproksifen	< 0,01
Spinosad	< 0,01
Spirodiklofen	< 0,01
Spiromesifen	< 0,01
Spirotetramat	< 0,01
Tebukonazol	< 0,01
Tebufenozid	< 0,01
Teflubenzuron	< 0,01
Tetrakonazol	< 0,01
Tiyabendazol	< 0,01
Tiyakloprid	< 0,01
Tiyametoksam	< 0,01
Tiyofanat-metil	< 0,01
Triadimefon	< 0,01
Triadimenol	< 0,01
Triflumuron	< 0,01
Trifloksistrobin	< 0,01
Zoksamid	< 0,01
Alfa-sipermetrin	< 0,01
Bifentrin	< 0,01
Siflutrin	< 0,01
Sihalotrin	< 0,01
Sipermetrin	< 0,01
Deltametrin	< 0,01
Endosulfan	< 0,01
Esfenvalerat	< 0,01
Fenpropatrin	< 0,01
Fenvalerat	< 0,01
Lambda-sihalotrin	< 0,01
Permetrin	< 0,01
Prosimidon	< 0,01
Abamektin	< 0,01
Asefat	< 0,01
Asetamiprid	< 0,01
Asetoklor	< 0,01
Aldikarb	< 0,01
Ametrin	< 0,01
Amitraz	< 0,01
Atrazin	< 0,01
Azadiraktin	< 0,01
Azinfos-metil	< 0,01
Azoksistrobin	< 0,01
Benalaksil	< 0,01
Bendiokarb	< 0,01
Benfurakarb	< 0,01
Bifenazat	< 0,01
Bitertanol	< 0,01
Boskalid	< 0,01
Bromukonazol	< 0,01
Bupirimat	< 0,01
Buprofezin	< 0,01
Karbaril	< 0,01
Karbendazim	< 0,01
Karbofuran	< 0,01
Karboksin	< 0,01
Klorantraniliprol	< 0,01
Klorfenvinfos	< 0,01
Klorpirifos	< 0,01
Klorpirifos-metil	< 0,01
Klotianidin	< 0,01
Siyazofamid	< 0,01
Simoksanil	< 0,01
Siprokonazol	< 0,01
Siprodinil	< 0,01
Siromazin	< 0,01
Diazinon	< 0,01
Diklorvos	< 0,01
Difenokonazol	< 0,01
Diflubenzuron	< 0,01
Dimetoat	< 0,01
Dimetomorf	< 0,01
Dinikonazol	< 0,01
Dinotefuran	< 0,01
Emamektin benzoat	< 0,01
Epoksikonazol	< 0,01
Etion	< 0,01
Etoprofos	< 0,01
Etofenproks	< 0,01
Fenamidon	< 0,01
Fenarimol	< 0,01
Fenazakin	< 0,01
Fenbukonazol	< 0,01
Fenheksamid	< 0,01
Fenoksikarb	< 0,01
Fenpiroksimat	< 0,01
Fentiyon	< 0,01
Fipronil	< 0,01
Flonikamid	< 0,01
Fludioksonil	< 0,01
Flufenoksuron	< 0,01
Fluopikolid	< 0,01
Fluopiram	< 0,01
Flusilazol	< 0,01
Flutriafol	< 0,01
Forklorfenuron	< 0,01
Heksakonazol	< 0,01
Heksitiazoks	< 0,01
İmazalil	< 0,01
İmidakloprid	< 0,01
İndoksakarb	< 0,01
İprodion	< 0,01
İprovalikarb	< 0,01
Kresoksim-metil	< 0,01
Linuron	< 0,01
Lufenuron	< 0,01
Malatiyon	< 0,01
Mandipropamid	< 0,01
Metalaksil	< 0,01
Metamidofos	< 0,01
Metidatiyon	< 0,01
Metiokarb	< 0,01
Metomil	< 0,01
Metoksifenozid	< 0,01
Miklobutanil	< 0,01
Monokrotofos	< 0,01
Novaluron	< 0,01
Oksamil	< 0,01
Paklobutrazol	< 0,01
Penkonazol	< 0,01
Pirimikarb	< 0,01
Pirimifos-metil	< 0,01
Prokloraz	< 0,01
Profenofos	< 0,01
Propamokarb	< 0,01
Propikonazol	< 0,01
Piraklostrobin	< 0,01
Piridaben	< 0,01
Pirimetanil	< 0,01
Piriproksifen	< 0,01
Spinosad	< 0,01
Spirodiklofen	< 0,01
Spiromesifen	< 0,01
Spirotetramat	< 0,01
Tebukonazol	< 0,01
Tebufenozid	< 0,01
Teflubenzuron	< 0,01
Tetrakonazol	< 0,01
Tiyabendazol	< 0,01
Tiyakloprid	< 0,01
Tiyametoksam	< 0,01
Tiyofanat-metil	< 0,01
Triadimefon	< 0,01
Triadimenol	< 0,01
Triflumuron	< 0,01
Trifloksistrobin	< 0,01
Zoksamid	< 0,01
Alfa-sipermetrin	< 0,01
Bifentrin	< 0,01
Siflutrin	< 0,01
Sihalotrin	< 0,01
Sipermetrin	< 0,01
Deltametrin	< 0,01
Endosulfan	< 0,01
Esfenvalerat	< 0,01
Fenpropatrin	< 0,01
Fenvalerat	< 0,01
Lambda-sihalotrin	< 0,01
Permetrin	< 0,01
Prosimidon	< 0,01
Abamektin	< 0,01
Asefat	< 0,01
Asetamiprid	< 0,01
Asetoklor	< 0,01
Aldikarb	< 0,01
Ametrin	< 0,01
Amitraz	< 0,01
Atrazin	< 0,01
Azadiraktin	< 0,01
Azinfos-metil	< 0,01
Azoksistrobin	< 0,01
Benalaksil	< 0,01
Bendiokarb	< 0,01
Benfurakarb	< 0,01
Bifenazat	< 0,01
Bitertanol	< 0,01
Boskalid	< 0,01
Bromukonazol	< 0,01
Bupirimat	< 0,01
Buprofezin	< 0,01
Karbaril	< 0,01
Karbendazim	< 0,01
Karbofuran	< 0,01
Karboksin	< 0,01
Klorantraniliprol	< 0,01
Klorfenvinfos	< 0,01
Klorpirifos	< 0,01
Klorpirifos-metil	< 0,01
Klotianidin	< 0,01
Siyazofamid	< 0,01
Simoksanil	< 0,01
Siprokonazol	< 0,01
Siprodinil	< 0,01
Siromazin	< 0,01
Diazinon	< 0,01
Diklorvos	< 0,01
Difenokonazol	< 0,01
Diflubenzuron	< 0,01
Dimetoat	< 0,01
Dimetomorf	< 0,01
Dinikonazol	< 0,01
Dinotefuran	< 0,01
Emamektin benzoat	< 0,01
Epoksikonazol	< 0,01
Etion	< 0,01
Etoprofos	< 0,01
Etofenproks	< 0,01
Fenamidon	< 0,01
Fenarimol	< 0,01
Fenazakin	< 0,01
Fenbukonazol	< 0,01
Fenheksamid	< 0,01
Fenoksikarb	< 0,01
Fenpiroksimat	< 0,01
Fentiyon	< 0,01
Fipronil	< 0,01
Flonikamid	< 0,01
Fludioksonil	< 0,01
Flufenoksuron	< 0,01
Fluopikolid	< 0,01
Fluopiram	< 0,01
Flusilazol	< 0,01
Flutriafol	< 0,01
Forklorfenuron	< 0,01
Heksakonazol	< 0,01
Heksitiazoks	< 0,01
İmazalil	< 0,01
İmidakloprid	< 0,01
İndoksakarb	< 0,01
İprodion	< 0,01
İprovalikarb	< 0,01
Kresoksim-metil	< 0,01
Linuron	< 0,01
Lufenuron	< 0,01
Malatiyon	< 0,01
Mandipropamid	< 0,01
Metalaksil	< 0,01
Metamidofos	< 0,01
Metidatiyon	< 0,01
Metiokarb	< 0,01
Metomil	< 0,01
Metoksifenozid	< 0,01
Miklobutanil	< 0,01
Monokrotofos	< 0,01
Novaluron	< 0,01
Oksamil	< 0,01
Paklobutrazol	< 0,01
Penkonazol	< 0,01
Pirimikarb	< 0,01
Pirimifos-metil	< 0,01
Prokloraz	< 0,01
Profenofos	< 0,01
Propamokarb	< 0,01
Propikonazol	< 0,01
Piraklostrobin	< 0,01
Piridaben	< 0,01
Pirimetanil	< 0,01
Piriproksifen	< 0,01
Spinosad	< 0,01
Spirodiklofen	< 0,01
Spiromesifen	< 0,01
Spirotetramat	< 0,01
Tebukonazol	< 0,01
Tebufenozid	< 0,01
Teflubenzuron	< 0,01
Tetrakonazol	< 0,01
Tiyabendazol	< 0,01
Tiyakloprid	< 0,01
Tiyametoksam	< 0,01
Tiyofanat-metil	< 0,01
Triadimefon	< 0,01
Triadimenol	< 0,01
Triflumuron	< 0,01
Trifloksistrobin	< 0,01
Zoksamid	< 0,01
Alfa-sipermetrin	< 0,01
Bifentrin	< 0,01
Siflutrin	< 0,01
Sihalotrin	< 0,01
Sipermetrin	< 0,01
Deltametrin	< 0,01
Endosulfan	< 0,01
Esfenvalerat	< 0,01
Fenpropatrin	< 0,01
Fenvalerat	< 0,01
Lambda-sihalotrin	< 0,01
Permetrin	< 0,01
Prosimidon	< 0,01
Abamektin	< 0,01
Asefat	< 0,01
Asetamiprid	< 0,01
Asetoklor	< 0,01
Aldikarb	< 0,01
Ametrin	< 0,01
Amitraz	< 0,01
Atrazin	< 0,01
Azadiraktin	< 0,01
Azinfos-metil	< 0,01
Azoksistrobin	< 0,01
Benalaksil	< 0,01
Bendiokarb	< 0,01
Benfurakarb	< 0,01
Bifenazat	< 0,01
Bitertanol	< 0,01
Boskalid	< 0,01
Bromukonazol	< 0,01
Bupirimat	< 0,01
Buprofezin	< 0,01
Karbaril	< 0,01
Karbendazim	< 0,01
Karbofuran	< 0,01
Karboksin	< 0,01
Klorantraniliprol	< 0,01
Klorfenvinfos	< 0,01
Klorpirifos	< 0,01
Klorpirifos-metil	< 0,01
Klotianidin	< 0,01
Siyazofamid	< 0,01
Simoksanil	< 0,01
Siprokonazol	< 0,01
Siprodinil	< 0,01
Siromazin	< 0,01
Diazinon	< 0,01
Diklorvos	< 0,01
Difenokonazol	< 0,01
Diflubenzuron	< 0,01
Dimetoat	< 0,01
Dimetomorf	< 0,01
Dinikonazol	< 0,01
Dinotefuran	< 0,01
Emamektin benzoat	< 0,01
Epoksikonazol	< 0,01
Etion	< 0,01
Etoprofos	< 0,01
Etofenproks	< 0,01
Fenamidon	< 0,01
Fenarimol	< 0,01
Fenazakin	< 0,01
Fenbukonazol	< 0,01
Fenheksamid	< 0,01
Fenoksikarb	< 0,01
Fenpiroksimat	< 0,01
Fentiyon	< 0,01
Fipronil	< 0,01
Flonikamid	< 0,01
Fludioksonil	< 0,01
Flufenoksuron	< 0,01
Fluopikolid	< 0,01
Fluopiram	< 0,01
Flusilazol	< 0,01
Flutriafol	< 0,01
Forklorfenuron	< 0,01
Heksakonazol	< 0,01
Heksitiazoks	< 0,01
İmazalil	< 0,01
İmidakloprid	< 0,01
İndoksakarb	< 0,01
İprodion	< 0,01
İprovalikarb	< 0,01
Kresoksim-metil	< 0,01
Linuron	< 0,01
Lufenuron	< 0,01
Malatiyon	< 0,01
Mandipropamid	< 0,01
Metalaksil	< 0,01
Metamidofos	< 0,01
Metidatiyon	< 0,01
Metiokarb	< 0,01
Metomil	< 0,01
Metoksifenozid	< 0,01
Miklobutanil	< 0,01
Monokrotofos	< 0,01
Novaluron	< 0,01
Oksamil	< 0,01
Paklobutrazol	< 0,01
Penkonazol	< 0,01
Pirimikarb	< 0,01
Pirimifos-metil	< 0,01
Prokloraz	< 0,01
Profenofos	< 0,01
Not: Bu rapor sadece test edilen numuneye ait sonuçları kapsar. Laboratuvarın yazılı izni olmadan raporun kısmen kopyalanıp çoğaltılması yasaktır. Numune müracaat sahibi tarafından getirilmiş olup numunenin alınmasından laboratuvar sorumlu değildir. / This report covers only the results of the tested sample. Reproduction of this report, except in full, is prohibited without written permission of the laboratory.
Bolu Gıda Kontrol Laboratuvar Müdürlüğü Karaçayır Mah. Bolu | Tel: 0374 000 00 00 | E-posta: bolugkl@tarimorman.gov.tr	2/5
F-LB-11-27 Rev.0 Rev.1
Rapor No: 2025080501	Sayfa/Page
Dinikonazol	< 0,01
Dinotefuran	< 0,01
Emamektin benzoat	< 0,01
Epoksikonazol	< 0,01
Etion	< 0,01
Etoprofos	< 0,01
Etofenproks	< 0,01
Fenamidon	< 0,01
Fenarimol	< 0,01
Fenazakin	< 0,01
Fenbukonazol	< 0,01
Fenheksamid	< 0,01
Fenoksikarb	< 0,01
Fenpiroksimat	< 0,01
Fentiyon	< 0,01
Fipronil	< 0,01
Flonikamid	< 0,01
Fludioksonil	< 0,01
Flufenoksuron	< 0,01
Fluopikolid	< 0,01
Fluopiram	< 0,01
Flusilazol	< 0,01
Flutriafol	< 0,01
Forklorfenuron	< 0,01
Heksakonazol	< 0,01
Heksitiazoks	< 0,01
İmazalil	< 0,01
İmidakloprid	< 0,01
İndoksakarb	< 0,01
İprodion	< 0,01
İprovalikarb	< 0,01
Kresoksim-metil	< 0,01
Linuron	< 0,01
Lufenuron	< 0,01
Malatiyon	< 0,01
Mandipropamid	< 0,01
Metalaksil	< 0,01
Metamidofos	< 0,01
Metidatiyon	< 0,01
Metiokarb	< 0,01
Metomil	< 0,01
Metoksifenozid	< 0,01
Miklobutanil	< 0,01
Monokrotofos	< 0,01
Novaluron	< 0,01
Oksamil	< 0,01
Paklobutrazol	< 0,01
Penkonazol	< 0,01
Pirimikarb	< 0,01
Pirimifos-metil	< 0,01
Prokloraz	< 0,01
Profenofos	< 0,01
Propamokarb	< 0,01
Propikonazol	< 0,01
Piraklostrobin	< 0,01
Piridaben	< 0,01
Pirimetanil	< 0,01
Piriproksifen	< 0,01
Spinosad	< 0,01
Spirodiklofen	< 0,01
Spiromesifen	< 0,01
Spirotetramat	< 0,01
Tebukonazol	< 0,01
Tebufenozid	< 0,01
Teflubenzuron	< 0,01
Tetrakonazol	< 0,01
Tiyabendazol	< 0,01
Tiyakloprid	< 0,01
Tiyametoksam	< 0,01
Tiyofanat-metil	< 0,01
Triadimefon	< 0,01
Triadimenol	< 0,01
Triflumuron	< 0,01
Trifloksistrobin	< 0,01
Zoksamid	< 0,01
Alfa-sipermetrin	< 0,01
Bifentrin	< 0,01
Siflutrin	< 0,01
Sihalotrin	< 0,01
Sipermetrin	< 0,01
Deltametrin	< 0,01
Endosulfan	< 0,01
Esfenvalerat	< 0,01
Fenpropatrin	< 0,01
Fenvalerat	< 0,01
Lambda-sihalotrin	< 0,01
Permetrin	< 0,01
Prosimidon	< 0,01
Abamektin	< 0,01
Asefat	< 0,01
Asetamiprid	< 0,01
Asetoklor	< 0,01
Aldikarb	< 0,01
Ametrin	< 0,01
Amitraz	< 0,01
Atrazin	< 0,01
Azadiraktin	< 0,01
Azinfos-metil	< 0,01
Azoksistrobin	< 0,01
Benalaksil	< 0,01
Bendiokarb	< 0,01
Benfurakarb	< 0,01
Bifenazat	< 0,01
Bitertanol	< 0,01
Boskalid	< 0,01
Bromukonazol	< 0,01
Bupirimat	< 0,01
Buprofezin	< 0,01
Karbaril	< 0,01
Karbendazim	< 0,01
Karbofuran	< 0,01
Karboksin	< 0,01
Klorantraniliprol	< 0,01
Klorfenvinfos	< 0,01
Klorpirifos	< 0,01
Klorpirifos-metil	< 0,01
Klotianidin	< 0,01
Siyazofamid	< 0,01
Simoksanil	< 0,01
Siprokonazol	< 0,01
Siprodinil	< 0,01
Siromazin	< 0,01
Diazinon	< 0,01
Diklorvos	< 0,01
Difenokonazol	< 0,01
Diflubenzuron	< 0,01
Dimetoat	< 0,01
Dimetomorf	< 0,01
Dinikonazol	< 0,01
Dinotefuran	< 0,01
Emamektin benzoat	< 0,01
Epoksikonazol	< 0,01
Etion	< 0,01
Etoprofos	< 0,01
Etofenproks	< 0,01
Fenamidon	< 0,01
Fenarimol	< 0,01
Fenazakin	< 0,01
Fenbukonazol	< 0,01
Fenheksamid	< 0,01
Fenoksikarb	< 0,01
Fenpiroksimat	< 0,01
Fentiyon	< 0,01
Fipronil	< 0,01
Flonikamid	< 0,01
Fludioksonil	< 0,01
Flufenoksuron	< 0,01
Fluopikolid	< 0,01
Fluopiram	< 0,01
Flusilazol	< 0,01
Flutriafol	< 0,01
Forklorfenuron	< 0,01
Heksakonazol	< 0,01
Heksitiazoks	< 0,01
İmazalil	< 0,01
İmidakloprid	< 0,01
İndoksakarb	< 0,01
İprodion	< 0,01
İprovalikarb	< 0,01
Kresoksim-metil	< 0,01
Linuron	< 0,01
Lufenuron	< 0,01
Malatiyon	< 0,01
Mandipropamid	< 0,01
Metalaksil	< 0,01
Metamidofos	< 0,01
Metidatiyon	< 0,01
Metiokarb	< 0,01
Metomil	< 0,01
Metoksifenozid	< 0,01
Miklobutanil	< 0,01
Monokrotofos	< 0,01
Novaluron	< 0,01
Oksamil	< 0,01
Paklobutrazol	< 0,01
Penkonazol	< 0,01
Pirimikarb	< 0,01
Pirimifos-metil	< 0,01
Prokloraz	< 0,01
Profenofos	< 0,01
Propamokarb	< 0,01
Propikonazol	< 0,01
Piraklostrobin	< 0,01
Piridaben	< 0,01
Pirimetanil	< 0,01
Piriproksifen	< 0,01
Spinosad	< 0,01
Spirodiklofen	< 0,01
Spiromesifen	< 0,01
Spirotetramat	< 0,01
Tebukonazol	< 0,01
Tebufenozid	< 0,01
Teflubenzuron	< 0,01
Tetrakonazol	< 0,01
Tiyabendazol	< 0,01
Tiyakloprid	< 0,01
Tiyametoksam	< 0,01
Tiyofanat-metil	< 0,01
Triadimefon	< 0,01
Triadimenol	< 0,01
Triflumuron	< 0,01
Trifloksistrobin	< 0,01
Zoksamid	< 0,01
Alfa-sipermetrin	< 0,01
Bifentrin	< 0,01
Siflutrin	< 0,01
Sihalotrin	< 0,01
Sipermetrin	< 0,01
Deltametrin	< 0,01
Endosulfan	< 0,01
Esfenvalerat	< 0,01
Fenpropatrin	< 0,01
Fenvalerat	< 0,01
Lambda-sihalotrin	< 0,01
Permetrin	< 0,01
Prosimidon	< 0,01
Abamektin	< 0,01
Asefat	< 0,01
Asetamiprid	< 0,01
Asetoklor	< 0,01
Aldikarb	< 0,01
Ametrin	< 0,01
Amitraz	< 0,01
Atrazin	< 0,01
Azadiraktin	< 0,01
Azinfos-metil	< 0,01
Azoksistrobin	< 0,01
Benalaksil	< 0,01
Bendiokarb	< 0,01
Benfurakarb	< 0,01
Bifenazat	< 0,01
Bitertanol	< 0,01
Boskalid	< 0,01
Bromukonazol	< 0,01
Bupirimat	< 0,01
Buprofezin	< 0,01
Karbaril	< 0,01
Karbendazim	< 0,01
Karbofuran	< 0,01
Karboksin	< 0,01
Klorantraniliprol	< 0,01
Klorfenvinfos	< 0,01
Klorpirifos	< 0,01
Klorpirifos-metil	< 0,01
Klotianidin	< 0,01
Siyazofamid	< 0,01
Simoksanil	< 0,01
Siprokonazol	< 0,01
Siprodinil	< 0,01
Siromazin	< 0,01
Diazinon	< 0,01
Diklorvos	< 0,01
Difenokonazol	< 0,01
Diflubenzuron	< 0,01
Dimetoat	< 0,01
Dimetomorf	< 0,01
Dinikonazol	< 0,01
Dinotefuran	< 0,01
Emamektin benzoat	< 0,01
Epoksikonazol	< 0,01
Etion	< 0,01
Etoprofos	< 0,01
Etofenproks	< 0,01
Fenamidon	< 0,01
Fenarimol	< 0,01
Fenazakin	< 0,01
Fenbukonazol	< 0,01
Fenheksamid	< 0,01
Fenoksikarb	< 0,01
Fenpiroksimat	< 0,01
Fentiyon	< 0,01
Fipronil	< 0,01
Flonikamid	< 0,01
Fludioksonil	< 0,01
Flufenoksuron	< 0,01
Fluopikolid	< 0,01
Fluopiram	< 0,01
Flusilazol	< 0,01
Flutriafol	< 0,01
Forklorfenuron	< 0,01
Heksakonazol	< 0,01
Heksitiazoks	< 0,01
İmazalil	< 0,01
İmidakloprid	< 0,01
İndoksakarb	< 0,01
İprodion	< 0,01
İprovalikarb	< 0,01
Kresoksim-metil	< 0,01
Linuron	< 0,01
Lufenuron	< 0,01
Malatiyon	< 0,01
Mandipropamid	< 0,01
Metalaksil	< 0,01
Metamidofos	< 0,01
Metidatiyon	< 0,01
Metiokarb	< 0,01
Metomil	< 0,01
Metoksifenozid	< 0,01
Miklobutanil	< 0,01
Monokrotofos	< 0,01
Novaluron	< 0,01
Oksamil	< 0,01
Paklobutrazol	< 0,01
Penkonazol	< 0,01
Pirimikarb	< 0,01
Pirimifos-metil	< 0,01
Prokloraz	< 0,01
Profenofos	< 0,01
Propamokarb	< 0,01
Propikonazol	< 0,01
Piraklostrobin	< 0,01
Piridaben	< 0,01
Pirimetanil	< 0,01
Piriproksifen	< 0,01
Spinosad	< 0,01
Spirodiklofen	< 0,01
Spiromesifen	< 0,01
Spirotetramat	< 0,01
Tebukonazol	< 0,01
Tebufenozid	< 0,01
Teflubenzuron	< 0,01
Tetrakonazol	< 0,01
Tiyabendazol	< 0,01
Tiyakloprid	< 0,01
Tiyametoksam	< 0,01
Tiyofanat-metil	< 0,01
Triadimefon	< 0,01
Triadimenol	< 0,01
Triflumuron	< 0,01
Trifloksistrobin	< 0,01
Zoksamid	< 0,01
Alfa-sipermetrin	< 0,01
Bifentrin	< 0,01
Siflutrin	< 0,01
Sihalotrin	< 0,01
Sipermetrin	< 0,01
Deltametrin	< 0,01
Endosulfan	< 0,01
Esfenvalerat	< 0,01
Fenpropatrin	< 0,01
Fenvalerat	< 0,01
Lambda-sihalotrin	< 0,01
Permetrin	< 0,01
Prosimidon	< 0,01
Abamektin	< 0,01
Asefat	< 0,01
Asetamiprid	< 0,01
Asetoklor	< 0,01
Aldikarb	< 0,01
Ametrin	< 0,01
Amitraz	< 0,01
Atrazin	< 0,01
Azadiraktin	< 0,01
Azinfos-metil	< 0,01
Azoksistrobin	< 0,01
Benalaksil	< 0,01
Bendiokarb	< 0,01
Benfurakarb	< 0,01
Bifenazat	< 0,01
Bitertanol	< 0,01
Boskalid	< 0,01
Bromukonazol	< 0,01
Bupirimat	< 0,01
Buprofezin	< 0,01
Karbaril	< 0,01
Karbendazim	< 0,01
Karbofuran	< 0,01
Karboksin	< 0,01
Klorantraniliprol	< 0,01
Klorfenvinfos	< 0,01
Klorpirifos	< 0,01
Klorpirifos-metil	< 0,01
Klotianidin	< 0,01
Siyazofamid	< 0,01
Simoksanil	< 0,01
Siprokonazol	< 0,01
Siprodinil	< 0,01
Siromazin	< 0,01
Diazinon	< 0,01
Diklorvos	< 0,01
Difenokonazol	< 0,01
Diflubenzuron	< 0,01
Dimetoat	< 0,01
Dimetomorf	< 0,01
Dinikonazol	< 0,01
Dinotefuran	< 0,01
Emamektin benzoat	< 0,01
Epoksikonazol	< 0,01
Etion	< 0,01
Etoprofos	< 0,01
Etofenproks	< 0,01
Fenamidon	< 0,01
Fenarimol	< 0,01
Fenazakin	< 0,01
Fenbukonazol	< 0,01
Fenheksamid	< 0,01
Fenoksikarb	< 0,01
Fenpiroksimat	< 0,01
Fentiyon	< 0,01
Fipronil	< 0,01
Flonikamid	< 0,01
Fludioksonil	< 0,01
Flufenoksuron	< 0,01
Fluopikolid	< 0,01
Fluopiram	< 0,01
Flusilazol	< 0,01
Flutriafol	< 0,01
Forklorfenuron	< 0,01
Heksakonazol	< 0,01
Heksitiazoks	< 0,01
İmazalil	< 0,01
İmidakloprid	< 0,01
İndoksakarb	< 0,01
İprodion	< 0,01
İprovalikarb	< 0,01
Kresoksim-metil	< 0,01
Linuron	< 0,01
Lufenuron	< 0,01
Malatiyon	< 0,01
Mandipropamid	< 0,01
Metalaksil	< 0,01
Metamidofos	< 0,01
Metidatiyon	< 0,01
Metiokarb	< 0,01
Metomil	< 0,01
Metoksifenozid	< 0,01
Miklobutanil	< 0,01
Monokrotofos	< 0,01
Novaluron	< 0,01
Oksamil	< 0,01
Paklobutrazol	< 0,01
Penkonazol	< 0,01
Pirimikarb	< 0,01
Pirimifos-metil	< 0,01
Prokloraz	< 0,01
Profenofos	< 0,01
Propamokarb	< 0,01
Propikonazol	< 0,01
Piraklostrobin	< 0,01
Piridaben	< 0,01
Pirimetanil	< 0,01
Piriproksifen	< 0,01
Spinosad	< 0,01
Spirodiklofen	< 0,01
Spiromesifen	< 0,01
Spirotetramat	< 0,01
Tebukonazol	< 0,01
Tebufenozid	< 0,01
Teflubenzuron	< 0,01
Tetrakonazol	< 0,01
Tiyabendazol	< 0,01
Tiyakloprid	< 0,01
Tiyametoksam	< 0,01
Tiyofanat-metil	< 0,01
Triadimefon	< 0,01
Triadimenol	< 0,01
Triflumuron	< 0,01
Trifloksistrobin	< 0,01
Zoksamid	< 0,01
Alfa-sipermetrin	< 0,01
Bifentrin	< 0,01
Siflutrin	< 0,01
Sihalotrin	< 0,01
Sipermetrin	< 0,01
Deltametrin	< 0,01
Endosulfan	< 0,01
Esfenvalerat	< 0,01
Fenpropatrin	< 0,01
Fenvalerat	< 0,01
Lambda-sihalotrin	< 0,01
Permetrin	< 0,01
Prosimidon	< 0,01
Abamektin	< 0,01
Asefat	< 0,01
Asetamiprid	< 0,01
Asetoklor	< 0,01
Aldikarb	< 0,01
Ametrin	< 0,01
Amitraz	< 0,01
Atrazin	< 0,01
Azadiraktin	< 0,01
Azinfos-metil	< 0,01
Azoksistrobin	< 0,01
Benalaksil	< 0,01
Bendiokarb	< 0,01
Benfurakarb	< 0,01
Bifenazat	< 0,01
Bitertanol	< 0,01
Boskalid	< 0,01
Bromukonazol	< 0,01
Bupirimat	< 0,01
Buprofezin	< 0,01
Karbaril	< 0,01
Karbendazim	< 0,01
Karbofuran	< 0,01
Karboksin	< 0,01
Klorantraniliprol	< 0,01
Klorfenvinfos	< 0,01
Klorpirifos	< 0,01
Klorpirifos-metil	< 0,01
Klotianidin	< 0,01
Siyazofamid	< 0,01
Simoksanil	< 0,01
Siprokonazol	< 0,01
Siprodinil	< 0,01
Siromazin	< 0,01
Diazinon	< 0,01
Diklorvos	< 0,01
Difenokonazol	< 0,01
Diflubenzuron	< 0,01
Dimetoat	< 0,01
Dimetomorf	< 0,01
Dinikonazol	< 0,01
Dinotefuran	< 0,01
Emamektin benzoat	< 0,01
Epoksikonazol	< 0,01
Etion	< 0,01
Etoprofos	< 0,01
Etofenproks	< 0,01
Fenamidon	< 0,01
Fenarimol	< 0,01
Fenazakin	< 0,01
Fenbukonazol	< 0,01
Fenheksamid	< 0,01
Fenoksikarb	< 0,01
Fenpiroksimat	< 0,01
Fentiyon	< 0,01
Fipronil	< 0,01
Flonikamid	< 0,01
Fludioksonil	< 0,01
Flufenoksuron	< 0,01
Fluopikolid	< 0,01
Fluopiram	< 0,01
Flusilazol	< 0,01
Flutriafol	< 0,01
Forklorfenuron	< 0,01
Heksakonazol	< 0,01
Heksitiazoks	< 0,01
İmazalil	< 0,01
İmidakloprid	< 0,01
İndoksakarb	< 0,01
İprodion	< 0,01
İprovalikarb	< 0,01
Kresoksim-metil	< 0,01
Linuron	< 0,01
Lufenuron	< 0,01
Malatiyon	< 0,01
Mandipropamid	< 0,01
Metalaksil	< 0,01
Metamidofos	< 0,01
Metidatiyon	< 0,01
Metiokarb	< 0,01
Metomil	< 0,01
Metoksifenozid	< 0,01
Miklobutanil	< 0,01
Monokrotofos	< 0,01
Novaluron	< 0,01
Oksamil	< 0,01
Paklobutrazol	< 0,01
Penkonazol	< 0,01
Pirimikarb	< 0,01
Pirimifos-metil	< 0,01
Prokloraz	< 0,01
Profenofos	< 0,01
Propamokarb	< 0,01
Propikonazol	< 0,01
Piraklostrobin	< 0,01
Piridaben	< 0,01
Pirimetanil	< 0,01
Piriproksifen	< 0,01
Spinosad	< 0,01
Spirodiklofen	< 0,01
Spiromesifen	< 0,01
Spirotetramat	< 0,01
Tebukonazol	< 0,01
Tebufenozid	< 0,01
Teflubenzuron	< 0,01
Tetrakonazol	< 0,01
Tiyabendazol	< 0,01
Tiyakloprid	< 0,01
Tiyametoksam	< 0,01
Tiyofanat-metil	< 0,01
Triadimefon	< 0,01
Triadimenol	< 0,01
Triflumuron	< 0,01
Trifloksistrobin	< 0,01
Zoksamid	< 0,01
Alfa-sipermetrin	< 0,01
Bifentrin	< 0,01
Siflutrin	< 0,01
Sihalotrin	< 0,01
Sipermetrin	< 0,01
Deltametrin	< 0,01
Endosulfan	< 0,01
Esfenvalerat	< 0,01
Fenpropatrin	< 0,01
Fenvalerat	< 0,01
Lambda-sihalotrin	< 0,01
Permetrin	< 0,01
Prosimidon	< 0,01
Abamektin	< 0,01
Asefat	< 0,01
Asetamiprid	< 0,01
Asetoklor	< 0,01
Aldikarb	< 0,01
Ametrin	< 0,01
Amitraz	< 0,01
Atrazin	< 0,01
Azadiraktin	< 0,01
Azinfos-metil	< 0,01
Azoksistrobin	< 0,01
Benalaksil	< 0,01
Bendiokarb	< 0,01
Benfurakarb	< 0,01
Bifenazat	< 0,01
Bitertanol	< 0,01
Boskalid	< 0,01
Bromukonazol	< 0,01
Bupirimat	< 0,01
Buprofezin	< 0,01
Karbaril	< 0,01
Karbendazim	< 0,01
Karbofuran	< 0,01
Karboksin	< 0,01
Klorantraniliprol	< 0,01
Klorfenvinfos	< 0,01
Klorpirifos	< 0,01
Klorpirifos-metil	< 0,01
Klotianidin	< 0,01
Siyazofamid	< 0,01
Simoksanil	< 0,01
Siprokonazol	< 0,01
Siprodinil	< 0,01
Siromazin	< 0,01
Diazinon	< 0,01
Diklorvos	< 0,01
Difenokonazol	< 0,01
Diflubenzuron	< 0,01
Dimetoat	< 0,01
Dimetomorf	< 0,01
Dinikonazol	< 0,01
Dinotefuran	< 0,01
Emamektin benzoat	< 0,01
Epoksikonazol	< 0,01
Etion	< 0,01
Etoprofos	< 0,01
Etofenproks	< 0,01
Fenamidon	< 0,01
Fenarimol	< 0,01
Fenazakin	< 0,01
Fenbukonazol	< 0,01
Fenheksamid	< 0,01
Fenoksikarb	< 0,01
Fenpiroksimat	< 0,01
Fentiyon	< 0,01
Fipronil	< 0,01
Flonikamid	< 0,01
Fludioksonil	< 0,01
Flufenoksuron	< 0,01
Fluopikolid	< 0,01
Fluopiram	< 0,01
Flusilazol	< 0,01
Flutriafol	< 0,01
Forklorfenuron	< 0,01
Heksakonazol	< 0,01
Heksitiazoks	< 0,01
İmazalil	< 0,01
İmidakloprid	< 0,01
İndoksakarb	< 0,01
İprodion	< 0,01
İprovalikarb	< 0,01
Kresoksim-metil	< 0,01
Linuron	< 0,01
Lufenuron	< 0,01
Malatiyon	< 0,01
Mandipropamid	< 0,01
Metalaksil	< 0,01
Metamidofos	< 0,01
Metidatiyon	< 0,01
Metiokarb	< 0,01
Metomil	< 0,01
Metoksifenozid	< 0,01
Miklobutanil	< 0,01
Monokrotofos	< 0,01
Novaluron	< 0,01
Oksamil	< 0,01
Paklobutrazol	< 0,01
Penkonazol	< 0,01
Pirimikarb	< 0,01
Pirimifos-metil	< 0,01
Prokloraz	< 0,01
Profenofos	< 0,01
Propamokarb	< 0,01
Propikonazol	< 0,01
Piraklostrobin	< 0,01
Piridaben	< 0,01
Pirimetanil	< 0,01
Piriproksifen	< 0,01
Spinosad	< 0,01
Spirodiklofen	< 0,01
Spiromesifen	< 0,01
Spirotetramat	< 0,01
Tebukonazol	< 0,01
Tebufenozid	< 0,01
Teflubenzuron	< 0,01
Tetrakonazol	< 0,01
Tiyabendazol	< 0,01
Tiyakloprid	< 0,01
Tiyametoksam	< 0,01
Tiyofanat-metil	< 0,01
Triadimefon	< 0,01
Triadimenol	< 0,01
Triflumuron	< 0,01
Trifloksistrobin	< 0,01
Zoksamid	< 0,01
Alfa-sipermetrin	< 0,01
Bifentrin	< 0,01
Siflutrin	< 0,01
Sihalotrin	< 0,01
Sipermetrin	< 0,01
Deltametrin	< 0,01
Endosulfan	< 0,01
Esfenvalerat	< 0,01
Fenpropatrin	< 0,01
Fenvalerat	< 0,01
Lambda-sihalotrin	< 0,01
Permetrin	< 0,01
Prosimidon	< 0,01
Abamektin	< 0,01
Asefat	< 0,01
Asetamiprid	< 0,01
Asetoklor	< 0,01
Aldikarb	< 0,01
Ametrin	< 0,01
Amitraz	< 0,01
Atrazin	< 0,01
Azadiraktin	< 0,01
Azinfos-metil	< 0,01
Azoksistrobin	< 0,01
Benalaksil	< 0,01
Bendiokarb	< 0,01
Benfurakarb	< 0,01
Bifenazat	< 0,01
Bitertanol	< 0,01
Boskalid	< 0,01
Bromukonazol	< 0,01
Bupirimat	< 0,01
Buprofezin	< 0,01
Karbaril	< 0,01
Karbendazim	< 0,01
Karbofuran	< 0,01
Karboksin	< 0,01
Klorantraniliprol	< 0,01
Klorfenvinfos	< 0,01
Klorpirifos	< 0,01
Klorpirifos-metil	< 0,01
Klotianidin	< 0,01
Siyazofamid	< 0,01
Simoksanil	< 0,01
Siprokonazol	< 0,01
Siprodinil	< 0,01
Siromazin	< 0,01
Diazinon	< 0,01
Diklorvos	< 0,01
Difenokonazol	< 0,01
Diflubenzuron	< 0,01
Dimetoat	< 0,01
Dimetomorf	< 0,01
Dinikonazol	< 0,01
Dinotefuran	< 0,01
Emamektin benzoat	< 0,01
Epoksikonazol	< 0,01
Etion	< 0,01
Etoprofos	< 0,01
Etofenproks	< 0,01
Fenamidon	< 0,01
Fenarimol	< 0,01
Fenazakin	< 0,01
Fenbukonazol	< 0,01
Fenheksamid	< 0,01
Fenoksikarb	< 0,01
Fenpiroksimat	< 0,01
Fentiyon	< 0,01
Fipronil	< 0,01
Flonikamid	< 0,01
Fludioksonil	< 0,01
Flufenoksuron	< 0,01
Fluopikolid	< 0,01
Fluopiram	< 0,01
Flusilazol	< 0,01
Flutriafol	< 0,01
Forklorfenuron	< 0,01
Heksakonazol	< 0,01
Heksitiazoks	< 0,01
İmazalil	< 0,01
İmidakloprid	< 0,01
İndoksakarb	< 0,01
İprodion	< 0,01
İprovalikarb	< 0,01
Kresoksim-metil	< 0,01
Linuron	< 0,01
Lufenuron	< 0,01
Malatiyon	< 0,01
Mandipropamid	< 0,01
Metalaksil	< 0,01
Metamidofos	< 0,01
Metidatiyon	< 0,01
Metiokarb	< 0,01
Metomil	< 0,01
Metoksifenozid	< 0,01
Miklobutanil	< 0,01
Monokrotofos	< 0,01
Novaluron	< 0,01
Oksamil	< 0,01
Paklobutrazol	< 0,01
Penkonazol	< 0,01
Pirimikarb	< 0,01
Pirimifos-metil	< 0,01
Prokloraz	< 0,01
Profenofos	< 0,01
Propamokarb	< 0,01
Propikonazol	< 0,01
Piraklostrobin	< 0,01
Piridaben	< 0,01
Pirimetanil	< 0,01
Piriproksifen	< 0,01
Spinosad	< 0,01
Spirodiklofen	< 0,01
Spiromesifen	< 0,01
Spirotetramat	< 0,01
Tebukonazol	< 0,01
Tebufenozid	< 0,01
Teflubenzuron	< 0,01
Tetrakonazol	< 0,01
Tiyabendazol	< 0,01
Tiyakloprid	< 0,01
Tiyametoksam	< 0,01
Tiyofanat-metil	< 0,01
Triadimefon	< 0,01
Triadimenol	< 0,01
Triflumuron	< 0,01
Trifloksistrobin	< 0,01
Zoksamid	< 0,01
Alfa-sipermetrin	< 0,01
Bifentrin	< 0,01
Siflutrin	< 0,01
Sihalotrin	< 0,01
Sipermetrin	< 0,01
Deltametrin	< 0,01
Endosulfan	< 0,01
Esfenvalerat	< 0,01
Fenpropatrin	< 0,01
Fenvalerat	< 0,01
Lambda-sihalotrin	< 0,01
Permetrin	< 0,01
Prosimidon	< 0,01
Abamektin	< 0,01
Asefat	< 0,01
Asetamiprid	< 0,01
Asetoklor	< 0,01
Aldikarb	< 0,01
Ametrin	< 0,01
Amitraz	< 0,01
Atrazin	< 0,01
Azadiraktin	< 0,01
Azinfos-metil	< 0,01
Azoksistrobin	< 0,01
Benalaksil	< 0,01
Not: Bu rapor sadece test edilen numuneye ait sonuçları kapsar. Laboratuvarın yazılı izni olmadan raporun kısmen kopyalanıp çoğaltılması yasaktır. Numune müracaat sahibi tarafından getirilmiş olup numunenin alınmasından laboratuvar sorumlu değildir. / This report covers only the results of the tested sample. Reproduction of this report, except in full, is prohibited without written permission of the laboratory.
Bolu Gıda Kontrol Laboratuvar Müdürlüğü Karaçayır Mah. Bolu | Tel: 0374 000 00 00 | E-posta: bolugkl@tarimorman.gov.tr	3/5
F-LB-11-27 Rev.0 Rev.1
Rapor No: 2025080501	Sayfa/Page
Metomil	< 0,01
Metoksifenozid	< 0,01
Miklobutanil	< 0,01
Monokrotofos	< 0,01
Novaluron	< 0,01
Oksamil	< 0,01
Paklobutrazol	< 0,01
Penkonazol	< 0,01
Pirimikarb	< 0,01
Pirimifos-metil	< 0,01
Prokloraz	< 0,01
Profenofos	< 0,01
Propamokarb	< 0,01
Propikonazol	< 0,01
Piraklostrobin	< 0,01
Piridaben	< 0,01
Pirimetanil	< 0,01
Piriproksifen	< 0,01
Spinosad	< 0,01
Spirodiklofen	< 0,01
Spiromesifen	< 0,01
Spirotetramat	< 0,01
Tebukonazol	< 0,01
Tebufenozid	< 0,01
Teflubenzuron	< 0,01
Tetrakonazol	< 0,01
Tiyabendazol	< 0,01
Tiyakloprid	< 0,01
Tiyametoksam	< 0,01
Tiyofanat-metil	< 0,01
Triadimefon	< 0,01
Triadimenol	< 0,01
Triflumuron	< 0,01
Trifloksistrobin	< 0,01
Zoksamid	< 0,01
Alfa-sipermetrin	< 0,01
Bifentrin	< 0,01
Siflutrin	< 0,01
Sihalotrin	< 0,01
Sipermetrin	< 0,01
Deltametrin	< 0,01
Endosulfan	< 0,01
Esfenvalerat	< 0,01
Fenpropatrin	< 0,01
Fenvalerat	< 0,01
Lambda-sihalotrin	< 0,01
Permetrin	< 0,01
Prosimidon	< 0,01
Abamektin	< 0,01
Asefat	< 0,01
Asetamiprid	< 0,01
Asetoklor	< 0,01
Aldikarb	< 0,01
Ametrin	< 0,01
Amitraz	< 0,01
Atrazin	< 0,01
Azadiraktin	< 0,01
Azinfos-metil	< 0,01
Azoksistrobin	< 0,01
Benalaksil	< 0,01
Bendiokarb	< 0,01
Benfurakarb	< 0,01
Bifenazat	< 0,01
Bitertanol	< 0,01
Boskalid	< 0,01
Bromukonazol	< 0,01
Bupirimat	< 0,01
Buprofezin	< 0,01
Karbaril	< 0,01
Karbendazim	< 0,01
Karbofuran	< 0,01
Karboksin	< 0,01
Klorantraniliprol	< 0,01
Klorfenvinfos	< 0,01
Klorpirifos	< 0,01
Klorpirifos-metil	< 0,01
Klotianidin	< 0,01
Siyazofamid	< 0,01
Simoksanil	< 0,01
Siprokonazol	< 0,01
Siprodinil	< 0,01
Siromazin	< 0,01
Diazinon	< 0,01
Diklorvos	< 0,01
Difenokonazol	< 0,01
Diflubenzuron	< 0,01
Dimetoat	< 0,01
Dimetomorf	< 0,01
Dinikonazol	< 0,01
Dinotefuran	< 0,01
Emamektin benzoat	< 0,01
Epoksikonazol	< 0,01
Etion	< 0,01
Etoprofos	< 0,01
Etofenproks	< 0,01
Fenamidon	< 0,01
Fenarimol	< 0,01
Fenazakin	< 0,01
Fenbukonazol	< 0,01
Fenheksamid	< 0,01
Fenoksikarb	< 0,01
Fenpiroksimat	< 0,01
Fentiyon	< 0,01
Fipronil	< 0,01
Flonikamid	< 0,01
Fludioksonil	< 0,01
Flufenoksuron	< 0,01
Fluopikolid	< 0,01
Fluopiram	< 0,01
Flusilazol	< 0,01
Flutriafol	< 0,01
Forklorfenuron	< 0,01
Heksakonazol	< 0,01
Heksitiazoks	< 0,01
İmazalil	< 0,01
İmidakloprid	< 0,01
İndoksakarb	< 0,01
İprodion	< 0,01
İprovalikarb	< 0,01
Kresoksim-metil	< 0,01
Linuron	< 0,01
Lufenuron	< 0,01
Malatiyon	< 0,01
Mandipropamid	< 0,01
Metalaksil	< 0,01
Metamidofos	< 0,01
Metidatiyon	< 0,01
Metiokarb	< 0,01
Metomil	< 0,01
Metoksifenozid	< 0,01
Miklobutanil	< 0,01
Monokrotofos	< 0,01
Novaluron	< 0,01
Oksamil	< 0,01
Paklobutrazol	< 0,01
Penkonazol	< 0,01
Pirimikarb	< 0,01
Pirimifos-metil	< 0,01
Prokloraz	< 0,01
Profenofos	< 0,01
Propamokarb	< 0,01
Propikonazol	< 0,01
Piraklostrobin	< 0,01
Piridaben	< 0,01
Pirimetanil	< 0,01
Piriproksifen	< 0,01
Spinosad	< 0,01
Spirodiklofen	< 0,01
Spiromesifen	< 0,01
Spirotetramat	< 0,01
Tebukonazol	< 0,01
Tebufenozid	< 0,01
Teflubenzuron	< 0,01
Tetrakonazol	< 0,01
Tiyabendazol	< 0,01
Tiyakloprid	< 0,01
Tiyametoksam	< 0,01
Tiyofanat-metil	< 0,01
Triadimefon	< 0,01
Triadimenol	< 0,01
Triflumuron	< 0,01
Trifloksistrobin	< 0,01
Zoksamid	< 0,01
Alfa-sipermetrin	< 0,01
Bifentrin	< 0,01
Siflutrin	< 0,01
Sihalotrin	< 0,01
Sipermetrin	< 0,01
Deltametrin	< 0,01
Endosulfan	< 0,01
Esfenvalerat	< 0,01
Fenpropatrin	< 0,01
Fenvalerat	< 0,01
Lambda-sihalotrin	< 0,01
Permetrin	< 0,01
Prosimidon	< 0,01
Abamektin	< 0,01
Asefat	< 0,01
Asetamiprid	< 0,01
Asetoklor	< 0,01
Aldikarb	< 0,01
Ametrin	< 0,01
Amitraz	< 0,01
Atrazin	< 0,01
Azadiraktin	< 0,01
Azinfos-metil	< 0,01
Dinotefuran	< 0,01
Emamektin benzoat	< 0,01
Epoksikonazol	< 0,01
Etion	< 0,01
Etoprofos	< 0,01
Etofenproks	< 0,01
Fenamidon	< 0,01
Fenarimol	< 0,01
Fenazakin	< 0,01
Fenbukonazol	< 0,01
Fenheksamid	< 0,01
Fenoksikarb	< 0,01
Fenpiroksimat	< 0,01
Fentiyon	< 0,01
Fipronil	< 0,01
Flonikamid	< 0,01
Fludioksonil	< 0,01
Flufenoksuron	< 0,01
Fluopikolid	< 0,01
Fluopiram	< 0,01
Flusilazol	< 0,01
Flutriafol	< 0,01
Forklorfenuron	< 0,01
Heksakonazol	< 0,01
Heksitiazoks	< 0,01
İmazalil	< 0,01
İmidakloprid	< 0,01
İndoksakarb	< 0,01
İprodion	< 0,01
İprovalikarb	< 0,01
Kresoksim-metil	< 0,01
Linuron	< 0,01
Lufenuron	< 0,01
Malatiyon	< 0,01
Mandipropamid	< 0,01
Metalaksil	< 0,01
Metamidofos	< 0,01
Metidatiyon	< 0,01
Metiokarb	< 0,01
Metomil	< 0,01
Metoksifenozid	< 0,01
Miklobutanil	< 0,01
Monokrotofos	< 0,01
Novaluron	< 0,01
Oksamil	< 0,01
Paklobutrazol	< 0,01
Penkonazol	< 0,01
Pirimikarb	< 0,01
Pirimifos-metil	< 0,01
Prokloraz	< 0,01
Profenofos	< 0,01
Propamokarb	< 0,01
Propikonazol	< 0,01
Piraklostrobin	< 0,01
Piridaben	< 0,01
Pirimetanil	< 0,01
Piriproksifen	< 0,01
Spinosad	< 0,01
Spirodiklofen	< 0,01
Spiromesifen	< 0,01
Spirotetramat	< 0,01
Tebukonazol	< 0,01
Tebufenozid	< 0,01
Teflubenzuron	< 0,01
Tetrakonazol	< 0,01
Tiyabendazol	< 0,01
Tiyakloprid	< 0,01
Tiyametoksam	< 0,01
Tiyofanat-metil	< 0,01
Triadimefon	< 0,01
Triadimenol	< 0,01
Triflumuron	< 0,01
Trifloksistrobin	< 0,01
Zoksamid	< 0,01
Alfa-sipermetrin	< 0,01
Bifentrin	< 0,01
Siflutrin	< 0,01
Sihalotrin	< 0,01
Sipermetrin	< 0,01
Deltametrin	< 0,01
Endosulfan	< 0,01
Esfenvalerat	< 0,01
Fenpropatrin	< 0,01
Fenvalerat	< 0,01
Lambda-sihalotrin	< 0,01
Permetrin	< 0,01
Prosimidon	< 0,01
Abamektin	< 0,01
Asefat	< 0,01
Asetamiprid	< 0,01
Asetoklor	< 0,01
Aldikarb	< 0,01
Ametrin	< 0,01
Amitraz	< 0,01
Atrazin	< 0,01
Azadiraktin	< 0,01
Azinfos-metil	< 0,01
Azoksistrobin	< 0,01
Benalaksil	< 0,01
Bendiokarb	< 0,01
Benfurakarb	< 0,01
Bifenazat	< 0,01
Bitertanol	< 0,01
Boskalid	< 0,01
Bromukonazol	< 0,01
Bupirimat	< 0,01
Buprofezin	< 0,01
Karbaril	< 0,01
Karbendazim	< 0,01
Karbofuran	< 0,01
Karboksin	< 0,01
Klorantraniliprol	< 0,01
Klorfenvinfos	< 0,01
Klorpirifos	< 0,01
Klorpirifos-metil	< 0,01
Klotianidin	< 0,01
Siyazofamid	< 0,01
Simoksanil	< 0,01
Siprokonazol	< 0,01
Siprodinil	< 0,01
Siromazin	< 0,01
Diazinon	< 0,01
Diklorvos	< 0,01
Difenokonazol	< 0,01
Diflubenzuron	< 0,01
Dimetoat	< 0,01
Dimetomorf	< 0,01
Dinikonazol	< 0,01
Dinotefuran	< 0,01
Emamektin benzoat	< 0,01
Epoksikonazol	< 0,01
Etion	< 0,01
Etoprofos	< 0,01
Etofenproks	< 0,01
Fenamidon	< 0,01
Fenarimol	< 0,01
Fenazakin	< 0,01
Fenbukonazol	< 0,01
Fenheksamid	< 0,01
Fenoksikarb	< 0,01
Fenpiroksimat	< 0,01
Fentiyon	< 0,01
Fipronil	< 0,01
Flonikamid	< 0,01
Fludioksonil	< 0,01
Flufenoksuron	< 0,01
Fluopikolid	< 0,01
Fluopiram	< 0,01
Flusilazol	< 0,01
Flutriafol	< 0,01
Forklorfenuron	< 0,01
Heksakonazol	< 0,01
Heksitiazoks	< 0,01
İmazalil	< 0,01
İmidakloprid	< 0,01
İndoksakarb	< 0,01
İprodion	< 0,01
İprovalikarb	< 0,01
Kresoksim-metil	< 0,01
Linuron	< 0,01
Lufenuron	< 0,01
Malatiyon	< 0,01
Mandipropamid	< 0,01
Metalaksil	< 0,01
Metamidofos	< 0,01
Metidatiyon	< 0,01
Metiokarb	< 0,01
Metomil	< 0,01
Metoksifenozid	< 0,01
Miklobutanil	< 0,01
Monokrotofos	< 0,01
Novaluron	< 0,01
Oksamil	< 0,01
Paklobutrazol	< 0,01
Penkonazol	< 0,01
Pirimikarb	< 0,01
Pirimifos-metil	< 0,01
Prokloraz	< 0,01
Profenofos	< 0,01
Propamokarb	< 0,01
Propikonazol	< 0,01
Piraklostrobin	< 0,01
Piridaben	< 0,01
Pirimetanil	< 0,01
Piriproksifen	< 0,01
Spinosad	< 0,01
Asetamiprid	< 0,01
Asetoklor	< 0,01
Aldikarb	< 0,01
Ametrin	< 0,01
Amitraz	< 0,01
Atrazin	< 0,01
Azadiraktin	< 0,01
Azinfos-metil	< 0,01
Azoksistrobin	< 0,01
Benalaksil	< 0,01
Bendiokarb	< 0,01
Benfurakarb	< 0,01
Bifenazat	< 0,01
Bitertanol	< 0,01
Boskalid	< 0,01
Bromukonazol	< 0,01
Bupirimat	< 0,01
Buprofezin	< 0,01
Karbaril	< 0,01
Karbendazim	< 0,01
Karbofuran	< 0,01
Karboksin	< 0,01
Klorantraniliprol	< 0,01
Klorfenvinfos	< 0,01
Klorpirifos	< 0,01
Klorpirifos-metil	< 0,01
Klotianidin	< 0,01
Siyazofamid	< 0,01
Simoksanil	< 0,01
Siprokonazol	< 0,01
Siprodinil	< 0,01
Siromazin	< 0,01
Diazinon	< 0,01
Diklorvos	< 0,01
Difenokonazol	< 0,01
Diflubenzuron	< 0,01
Dimetoat	< 0,01
Dimetomorf	< 0,01
Dinikonazol	< 0,01
Dinotefuran	< 0,01
Emamektin benzoat	< 0,01
Epoksikonazol	< 0,01
Etion	< 0,01
Etoprofos	< 0,01
Etofenproks	< 0,01
Fenamidon	< 0,01
Fenarimol	< 0,01
Fenazakin	< 0,01
Fenbukonazol	< 0,01
Fenheksamid	< 0,01
Fenoksikarb	< 0,01
Fenpiroksimat	< 0,01
Fentiyon	< 0,01
Fipronil	< 0,01
Flonikamid	< 0,01
Fludioksonil	< 0,01
Flufenoksuron	< 0,01
Fluopikolid	< 0,01
Fluopiram	< 0,01
Flusilazol	< 0,01
Flutriafol	< 0,01
Forklorfenuron	< 0,01
Heksakonazol	< 0,01
Heksitiazoks	< 0,01
İmazalil	< 0,01
İmidakloprid	< 0,01
İndoksakarb	< 0,01
İprodion	< 0,01
İprovalikarb	< 0,01
Kresoksim-metil	< 0,01
Linuron	< 0,01
Lufenuron	< 0,01
Malatiyon	< 0,01
Mandipropamid	< 0,01
Metalaksil	< 0,01
Metamidofos	< 0,01
Metidatiyon	< 0,01
Metiokarb	< 0,01
Metomil	< 0,01
Metoksifenozid	< 0,01
Miklobutanil	< 0,01
Monokrotofos	< 0,01
Novaluron	< 0,01
Oksamil	< 0,01
Paklobutrazol	< 0,01
Penkonazol	< 0,01
Pirimikarb	< 0,01
Pirimifos-metil	< 0,01
Prokloraz	< 0,01
Profenofos	< 0,01
Propamokarb	< 0,01
Propikonazol	< 0,01
Piraklostrobin	< 0,01
Piridaben	< 0,01
Pirimetanil	< 0,01
Piriproksifen	< 0,01
Spinosad	< 0,01
Spirodiklofen	< 0,01
Spiromesifen	< 0,01
Spirotetramat	< 0,01
Tebukonazol	< 0,01
Tebufenozid	< 0,01
Teflubenzuron	< 0,01
Tetrakonazol	< 0,01
Tiyabendazol	< 0,01
Tiyakloprid	< 0,01
Tiyametoksam	< 0,01
Tiyofanat-metil	< 0,01
Triadimefon	< 0,01
Triadimenol	< 0,01
Triflumuron	< 0,01
Trifloksistrobin	< 0,01
Zoksamid	< 0,01
Alfa-sipermetrin	< 0,01
Bifentrin	< 0,01
Siflutrin	< 0,01
Sihalotrin	< 0,01
Sipermetrin	< 0,01
Deltametrin	< 0,01
Endosulfan	< 0,01
Esfenvalerat	< 0,01
Fenpropatrin	< 0,01
Fenvalerat	< 0,01
Lambda-sihalotrin	< 0,01
Permetrin	< 0,01
Prosimidon	< 0,01
Abamektin	< 0,01
Asefat	< 0,01
Asetamiprid	< 0,01
Asetoklor	< 0,01
Aldikarb	< 0,01
Ametrin	< 0,01
Amitraz	< 0,01
Atrazin	< 0,01
Azadiraktin	< 0,01
Azinfos-metil	< 0,01
Azoksistrobin	< 0,01
Benalaksil	< 0,01
Bendiokarb	< 0,01
Benfurakarb	< 0,01
Bifenazat	< 0,01
Bitertanol	< 0,01
Boskalid	< 0,01
Bromukonazol	< 0,01
Bupirimat	< 0,01
Buprofezin	< 0,01
Karbaril	< 0,01
Karbendazim	< 0,01
Karbofuran	< 0,01
Karboksin	< 0,01
Klorantraniliprol	< 0,01
Klorfenvinfos	< 0,01
Klorpirifos	< 0,01
Klorpirifos-metil	< 0,01
Klotianidin	< 0,01
Siyazofamid	< 0,01
Simoksanil	< 0,01
Siprokonazol	< 0,01
Siprodinil	< 0,01
Siromazin	< 0,01
Diazinon	< 0,01
Diklorvos	< 0,01
Difenokonazol	< 0,01
Diflubenzuron	< 0,01
Dimetoat	< 0,01
Dimetomorf	< 0,01
Dinikonazol	< 0,01
Dinotefuran	< 0,01
Emamektin benzoat	< 0,01
Epoksikonazol	< 0,01
Etion	< 0,01
Etoprofos	< 0,01
Etofenproks	< 0,01
Fenamidon	< 0,01
Fenarimol	< 0,01
Fenazakin	< 0,01
Fenbukonazol	< 0,01
Fenheksamid	< 0,01
Fenoksikarb	< 0,01
Fenpiroksimat	< 0,01
Fentiyon	< 0,01
Fipronil	< 0,01
Flonikamid	< 0,01
Fludioksonil	< 0,01
Flufenoksuron	< 0,01
Fluopikolid	< 0,01
Profenofos	< 0,01
Propamokarb	< 0,01
Propikonazol	< 0,01
Piraklostrobin	< 0,01
Piridaben	< 0,01
Pirimetanil	< 0,01
Piriproksifen	< 0,01
Spinosad	< 0,01
Spirodiklofen	< 0,01
Spiromesifen	< 0,01
Spirotetramat	< 0,01
Tebukonazol	< 0,01
Tebufenozid	< 0,01
Teflubenzuron	< 0,01
Tetrakonazol	< 0,01
Tiyabendazol	< 0,01
Tiyakloprid	< 0,01
Tiyametoksam	< 0,01
Tiyofanat-metil	< 0,01
Triadimefon	< 0,01
Triadimenol	< 0,01
Triflumuron	< 0,01
Trifloksistrobin	< 0,01
Zoksamid	< 0,01
Alfa-sipermetrin	< 0,01
Bifentrin	< 0,01
Siflutrin	< 0,01
Sihalotrin	< 0,01
Sipermetrin	< 0,01
Deltametrin	< 0,01
Endosulfan	< 0,01
Esfenvalerat	< 0,01
Fenpropatrin	< 0,01
Fenvalerat	< 0,01
Lambda-sihalotrin	< 0,01
Permetrin	< 0,01
Prosimidon	< 0,01
Abamektin	< 0,01
Asefat	< 0,01
Asetamiprid	< 0,01
Asetoklor	< 0,01
Aldikarb	< 0,01
Ametrin	< 0,01
Amitraz	< 0,01
Atrazin	< 0,01
Azadiraktin	< 0,01
Azinfos-metil	< 0,01
Azoksistrobin	< 0,01
Benalaksil	< 0,01
Bendiokarb	< 0,01
Benfurakarb	< 0,01
Bifenazat	< 0,01
Bitertanol	< 0,01
Boskalid	< 0,01
Bromukonazol	< 0,01
Bupirimat	< 0,01
Buprofezin	< 0,01
Karbaril	< 0,01
Karbendazim	< 0,01
Karbofuran	< 0,01
Karboksin	< 0,01
Klorantraniliprol	< 0,01
Klorfenvinfos	< 0,01
Klorpirifos	< 0,01
Klorpirifos-metil	< 0,01
Klotianidin	< 0,01
Siyazofamid	< 0,01
Simoksanil	< 0,01
Siprokonazol	< 0,01
Siprodinil	< 0,01
Siromazin	< 0,01
Diazinon	< 0,01
Diklorvos	< 0,01
Difenokonazol	< 0,01
Diflubenzuron	< 0,01
Dimetoat	< 0,01
Dimetomorf	< 0,01
Dinikonazol	< 0,01
Dinotefuran	< 0,01
Emamektin benzoat	< 0,01
Epoksikonazol	< 0,01
Etion	< 0,01
Etoprofos	< 0,01
Etofenproks	< 0,01
Fenamidon	< 0,01
Fenarimol	< 0,01
Fenazakin	< 0,01
Fenbukonazol	< 0,01
Fenheksamid	< 0,01
Fenoksikarb	< 0,01
Fenpiroksimat	< 0,01
Fentiyon	< 0,01
Fipronil	< 0,01
Flonikamid	< 0,01
Fludioksonil	< 0,01
Flufenoksuron	< 0,01
Fluopikolid	< 0,01
Fluopiram	< 0,01
Flusilazol	< 0,01
Flutriafol	< 0,01
Forklorfenuron	< 0,01
Heksakonazol	< 0,01
Heksitiazoks	< 0,01
İmazalil	< 0,01
İmidakloprid	< 0,01
İndoksakarb	< 0,01
İprodion	< 0,01
İprovalikarb	< 0,01
Kresoksim-metil	< 0,01
Linuron	< 0,01
Lufenuron	< 0,01
Malatiyon	< 0,01
Mandipropamid	< 0,01
Metalaksil	< 0,01
Metamidofos	< 0,01
Metidatiyon	< 0,01
Metiokarb	< 0,01
Metomil	< 0,01
Metoksifenozid	< 0,01
Miklobutanil	< 0,01
Monokrotofos	< 0,01
Novaluron	< 0,01
Oksamil	< 0,01
Paklobutrazol	< 0,01
Penkonazol	< 0,01
Pirimikarb	< 0,01
Pirimifos-metil	< 0,01
Prokloraz	< 0,01
Profenofos	< 0,01
Propamokarb	< 0,01
Propikonazol	< 0,01
Piraklostrobin	< 0,01
Piridaben	< 0,01
Pirimetanil	< 0,01
Piriproksifen	< 0,01
Spinosad	< 0,01
Spirodiklofen	< 0,01
Spiromesifen	< 0,01
Spirotetramat	< 0,01
Tebukonazol	< 0,01
Tebufenozid	< 0,01
Teflubenzuron	< 0,01
Tetrakonazol	< 0,01
Tiyabendazol	< 0,01
Tiyakloprid	< 0,01
Tiyametoksam	< 0,01
Tiyofanat-metil	< 0,01
Triadimefon	< 0,01
Triadimenol	< 0,01
Triflumuron	< 0,01
Trifloksistrobin	< 0,01
Zoksamid	< 0,01
Alfa-sipermetrin	< 0,01
Bifentrin	< 0,01
Siflutrin	< 0,01
Sihalotrin	< 0,01
Sipermetrin	< 0,01
Deltametrin	< 0,01
Endosulfan	< 0,01
Esfenvalerat	< 0,01
Fenpropatrin	< 0,01
Fenvalerat	< 0,01
Lambda-sihalotrin	< 0,01
Permetrin	< 0,01
Prosimidon	< 0,01
Abamektin	< 0,01
Asefat	< 0,01
Asetamiprid	< 0,01
Asetoklor	< 0,01
Aldikarb	< 0,01
Ametrin	< 0,01
Amitraz	< 0,01
Atrazin	< 0,01
Azadiraktin	< 0,01
Azinfos-metil	< 0,01
Azoksistrobin	< 0,01
Benalaksil	< 0,01
Bendiokarb	< 0,01
Benfurakarb	< 0,01
Bifenazat	< 0,01
Bitertanol	< 0,01
Boskalid	< 0,01
Bromukonazol	< 0,01
Bupirimat	< 0,01
Buprofezin	< 0,01
Karbaril	< 0,01
